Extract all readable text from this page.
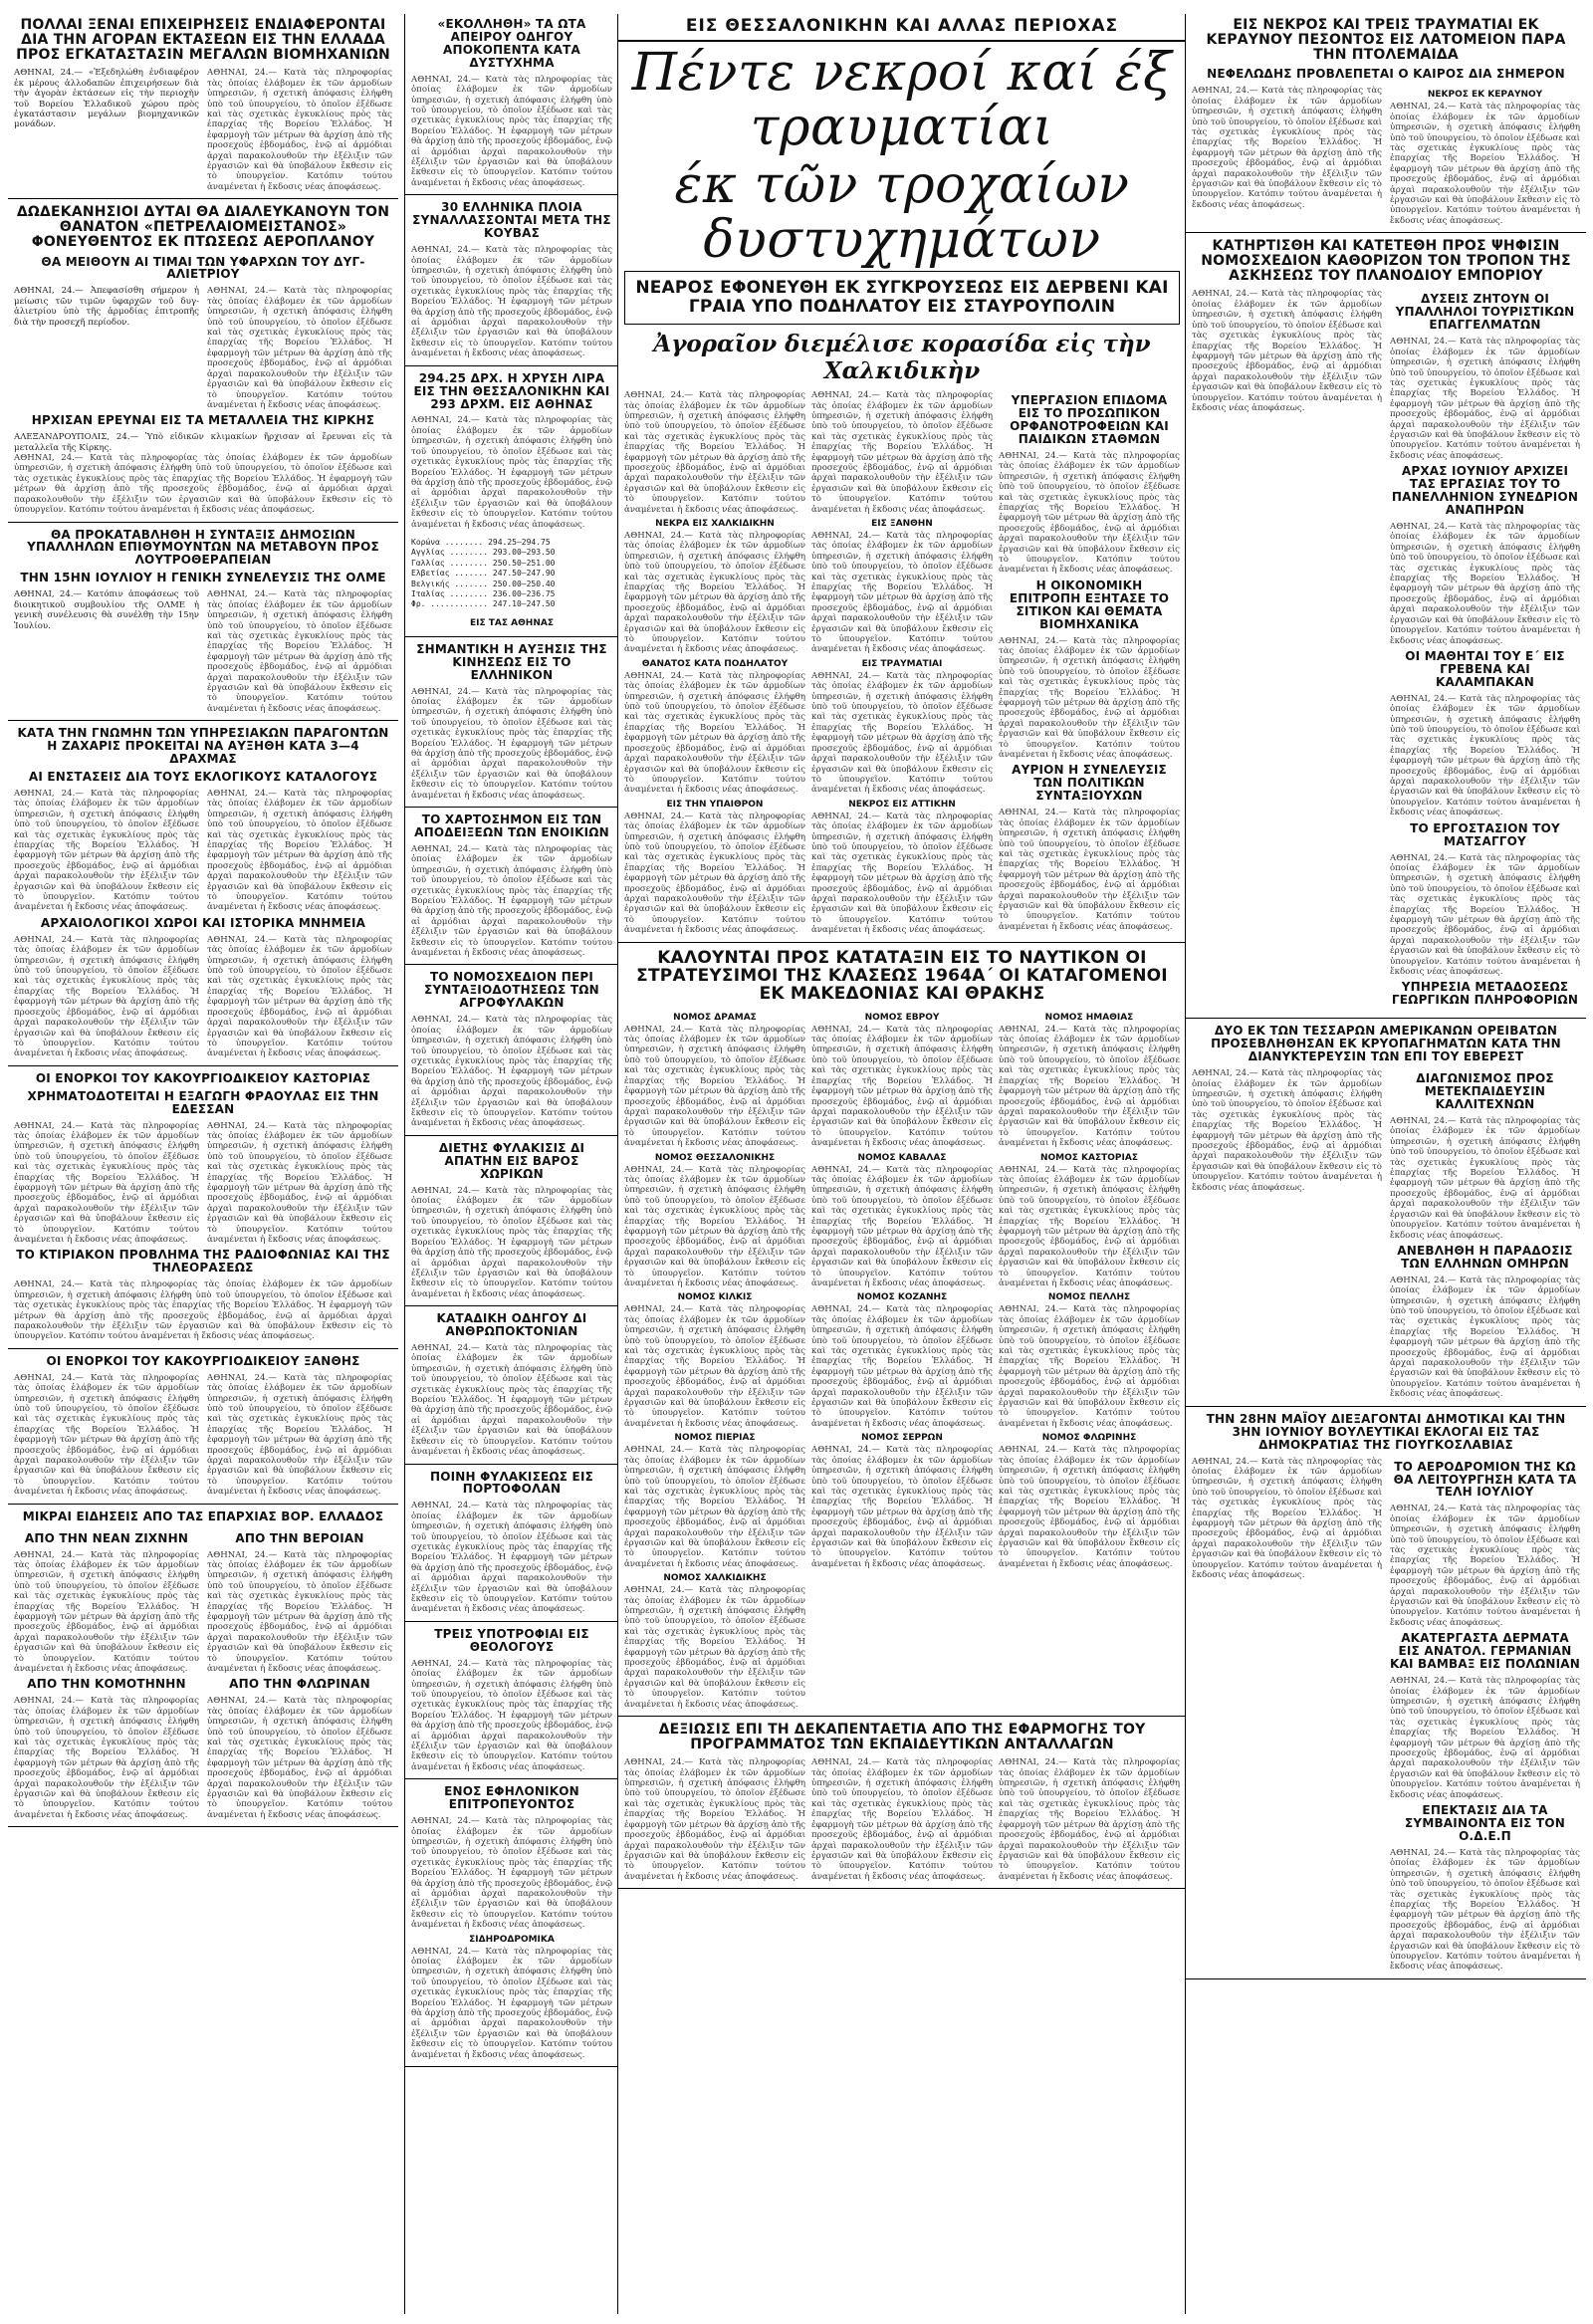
ΠΟΛΛΑΙ ΞΕΝΑΙ ΕΠΙΧΕΙΡΗΣΕΙΣ ΕΝΔΙΑΦΕΡΟΝΤΑΙ ΔΙΑ ΤΗΝ ΑΓΟΡΑΝ ΕΚΤΑΣΕΩΝ ΕΙΣ ΤΗΝ ΕΛΛΑΔΑ ΠΡΟΣ ΕΓΚΑΤΑΣΤΑΣΙΝ ΜΕΓΑΛΩΝ ΒΙΟΜΗΧΑΝΙΩΝ
ΑΘΗΝΑΙ, 24.— «Ἐξεδηλώθη ἐνδιαφέρον ἐκ μέρους ἀλλοδαπῶν ἐπιχειρήσεων διὰ τὴν ἀγορὰν ἐκτάσεων εἰς τὴν περιοχὴν τοῦ Βορείου Ἑλλαδικοῦ χώρου πρὸς ἐγκατάστασιν μεγάλων βιομηχανικῶν μονάδων.
ΑΘΗΝΑΙ, 24.— Κατὰ τὰς πληροφορίας τὰς ὁποίας ἐλάβομεν ἐκ τῶν ἁρμοδίων ὑπηρεσιῶν, ἡ σχετικὴ ἀπόφασις ἐλήφθη ὑπὸ τοῦ ὑπουργείου, τὸ ὁποῖον ἐξέδωσε καὶ τὰς σχετικὰς ἐγκυκλίους πρὸς τὰς ἐπαρχίας τῆς Βορείου Ἑλλάδος. Ἡ ἐφαρμογὴ τῶν μέτρων θὰ ἀρχίσῃ ἀπὸ τῆς προσεχοῦς ἑβδομάδος, ἐνῷ αἱ ἀρμόδιαι ἀρχαὶ παρακολουθοῦν τὴν ἐξέλιξιν τῶν ἐργασιῶν καὶ θὰ ὑποβάλουν ἔκθεσιν εἰς τὸ ὑπουργεῖον. Κατόπιν τούτου ἀναμένεται ἡ ἔκδοσις νέας ἀποφάσεως.
ΔΩΔΕΚΑΝΗΣΙΟΙ ΔΥΤΑΙ ΘΑ ΔΙΑΛΕΥΚΑΝΟΥΝ ΤΟΝ ΘΑΝΑΤΟΝ «ΠΕΤΡΕΛΑΙΟΜΕΙΣΤΑΝΟΣ» ΦΟΝΕΥΘΕΝΤΟΣ ΕΚ ΠΤΩΣΕΩΣ ΑΕΡΟΠΛΑΝΟΥ
ΘΑ ΜΕΙΘΟΥΝ ΑΙ ΤΙΜΑΙ ΤΩΝ ΥΦΑΡΧΩΝ ΤΟΥ ΔΥΓ-ΑΛΙΕΤΡΙΟΥ
ΑΘΗΝΑΙ, 24.— Ἀπεφασίσθη σήμερον ἡ μείωσις τῶν τιμῶν ὑφαρχῶν τοῦ δυγ-ἀλιετρίου ὑπὸ τῆς ἁρμοδίας ἐπιτροπῆς διὰ τὴν προσεχῆ περίοδον.
ΑΘΗΝΑΙ, 24.— Κατὰ τὰς πληροφορίας τὰς ὁποίας ἐλάβομεν ἐκ τῶν ἁρμοδίων ὑπηρεσιῶν, ἡ σχετικὴ ἀπόφασις ἐλήφθη ὑπὸ τοῦ ὑπουργείου, τὸ ὁποῖον ἐξέδωσε καὶ τὰς σχετικὰς ἐγκυκλίους πρὸς τὰς ἐπαρχίας τῆς Βορείου Ἑλλάδος. Ἡ ἐφαρμογὴ τῶν μέτρων θὰ ἀρχίσῃ ἀπὸ τῆς προσεχοῦς ἑβδομάδος, ἐνῷ αἱ ἀρμόδιαι ἀρχαὶ παρακολουθοῦν τὴν ἐξέλιξιν τῶν ἐργασιῶν καὶ θὰ ὑποβάλουν ἔκθεσιν εἰς τὸ ὑπουργεῖον. Κατόπιν τούτου ἀναμένεται ἡ ἔκδοσις νέας ἀποφάσεως.
ΗΡΧΙΣΑΝ ΕΡΕΥΝΑΙ ΕΙΣ ΤΑ ΜΕΤΑΛΛΕΙΑ ΤΗΣ ΚΙΡΚΗΣ
ΑΛΕΞΑΝΔΡΟΥΠΟΛΙΣ, 24.— Ὑπὸ εἰδικῶν κλιμακίων ἤρχισαν αἱ ἔρευναι εἰς τὰ μεταλλεῖα τῆς Κίρκης.
ΑΘΗΝΑΙ, 24.— Κατὰ τὰς πληροφορίας τὰς ὁποίας ἐλάβομεν ἐκ τῶν ἁρμοδίων ὑπηρεσιῶν, ἡ σχετικὴ ἀπόφασις ἐλήφθη ὑπὸ τοῦ ὑπουργείου, τὸ ὁποῖον ἐξέδωσε καὶ τὰς σχετικὰς ἐγκυκλίους πρὸς τὰς ἐπαρχίας τῆς Βορείου Ἑλλάδος. Ἡ ἐφαρμογὴ τῶν μέτρων θὰ ἀρχίσῃ ἀπὸ τῆς προσεχοῦς ἑβδομάδος, ἐνῷ αἱ ἀρμόδιαι ἀρχαὶ παρακολουθοῦν τὴν ἐξέλιξιν τῶν ἐργασιῶν καὶ θὰ ὑποβάλουν ἔκθεσιν εἰς τὸ ὑπουργεῖον. Κατόπιν τούτου ἀναμένεται ἡ ἔκδοσις νέας ἀποφάσεως.
ΘΑ ΠΡΟΚΑΤΑΒΛΗΘΗ Η ΣΥΝΤΑΞΙΣ ΔΗΜΟΣΙΩΝ ΥΠΑΛΛΗΛΩΝ ΕΠΙΘΥΜΟΥΝΤΩΝ ΝΑ ΜΕΤΑΒΟΥΝ ΠΡΟΣ ΛΟΥΤΡΟΘΕΡΑΠΕΙΑΝ
ΤΗΝ 15ΗΝ ΙΟΥΛΙΟΥ Η ΓΕΝΙΚΗ ΣΥΝΕΛΕΥΣΙΣ ΤΗΣ ΟΛΜΕ
ΑΘΗΝΑΙ, 24.— Κατόπιν ἀποφάσεως τοῦ διοικητικοῦ συμβουλίου τῆς ΟΛΜΕ ἡ γενικὴ συνέλευσις θὰ συνέλθῃ τὴν 15ην Ἰουλίου.
ΑΘΗΝΑΙ, 24.— Κατὰ τὰς πληροφορίας τὰς ὁποίας ἐλάβομεν ἐκ τῶν ἁρμοδίων ὑπηρεσιῶν, ἡ σχετικὴ ἀπόφασις ἐλήφθη ὑπὸ τοῦ ὑπουργείου, τὸ ὁποῖον ἐξέδωσε καὶ τὰς σχετικὰς ἐγκυκλίους πρὸς τὰς ἐπαρχίας τῆς Βορείου Ἑλλάδος. Ἡ ἐφαρμογὴ τῶν μέτρων θὰ ἀρχίσῃ ἀπὸ τῆς προσεχοῦς ἑβδομάδος, ἐνῷ αἱ ἀρμόδιαι ἀρχαὶ παρακολουθοῦν τὴν ἐξέλιξιν τῶν ἐργασιῶν καὶ θὰ ὑποβάλουν ἔκθεσιν εἰς τὸ ὑπουργεῖον. Κατόπιν τούτου ἀναμένεται ἡ ἔκδοσις νέας ἀποφάσεως.
ΚΑΤΑ ΤΗΝ ΓΝΩΜΗΝ ΤΩΝ ΥΠΗΡΕΣΙΑΚΩΝ ΠΑΡΑΓΟΝΤΩΝ Η ΖΑΧΑΡΙΣ ΠΡΟΚΕΙΤΑΙ ΝΑ ΑΥΞΗΘΗ ΚΑΤΑ 3—4 ΔΡΑΧΜΑΣ
ΑΙ ΕΝΣΤΑΣΕΙΣ ΔΙΑ ΤΟΥΣ ΕΚΛΟΓΙΚΟΥΣ ΚΑΤΑΛΟΓΟΥΣ
ΑΘΗΝΑΙ, 24.— Κατὰ τὰς πληροφορίας τὰς ὁποίας ἐλάβομεν ἐκ τῶν ἁρμοδίων ὑπηρεσιῶν, ἡ σχετικὴ ἀπόφασις ἐλήφθη ὑπὸ τοῦ ὑπουργείου, τὸ ὁποῖον ἐξέδωσε καὶ τὰς σχετικὰς ἐγκυκλίους πρὸς τὰς ἐπαρχίας τῆς Βορείου Ἑλλάδος. Ἡ ἐφαρμογὴ τῶν μέτρων θὰ ἀρχίσῃ ἀπὸ τῆς προσεχοῦς ἑβδομάδος, ἐνῷ αἱ ἀρμόδιαι ἀρχαὶ παρακολουθοῦν τὴν ἐξέλιξιν τῶν ἐργασιῶν καὶ θὰ ὑποβάλουν ἔκθεσιν εἰς τὸ ὑπουργεῖον. Κατόπιν τούτου ἀναμένεται ἡ ἔκδοσις νέας ἀποφάσεως.
ΑΘΗΝΑΙ, 24.— Κατὰ τὰς πληροφορίας τὰς ὁποίας ἐλάβομεν ἐκ τῶν ἁρμοδίων ὑπηρεσιῶν, ἡ σχετικὴ ἀπόφασις ἐλήφθη ὑπὸ τοῦ ὑπουργείου, τὸ ὁποῖον ἐξέδωσε καὶ τὰς σχετικὰς ἐγκυκλίους πρὸς τὰς ἐπαρχίας τῆς Βορείου Ἑλλάδος. Ἡ ἐφαρμογὴ τῶν μέτρων θὰ ἀρχίσῃ ἀπὸ τῆς προσεχοῦς ἑβδομάδος, ἐνῷ αἱ ἀρμόδιαι ἀρχαὶ παρακολουθοῦν τὴν ἐξέλιξιν τῶν ἐργασιῶν καὶ θὰ ὑποβάλουν ἔκθεσιν εἰς τὸ ὑπουργεῖον. Κατόπιν τούτου ἀναμένεται ἡ ἔκδοσις νέας ἀποφάσεως.
ΑΡΧΑΙΟΛΟΓΙΚΟΙ ΧΩΡΟΙ ΚΑΙ ΙΣΤΟΡΙΚΑ ΜΝΗΜΕΙΑ
ΑΘΗΝΑΙ, 24.— Κατὰ τὰς πληροφορίας τὰς ὁποίας ἐλάβομεν ἐκ τῶν ἁρμοδίων ὑπηρεσιῶν, ἡ σχετικὴ ἀπόφασις ἐλήφθη ὑπὸ τοῦ ὑπουργείου, τὸ ὁποῖον ἐξέδωσε καὶ τὰς σχετικὰς ἐγκυκλίους πρὸς τὰς ἐπαρχίας τῆς Βορείου Ἑλλάδος. Ἡ ἐφαρμογὴ τῶν μέτρων θὰ ἀρχίσῃ ἀπὸ τῆς προσεχοῦς ἑβδομάδος, ἐνῷ αἱ ἀρμόδιαι ἀρχαὶ παρακολουθοῦν τὴν ἐξέλιξιν τῶν ἐργασιῶν καὶ θὰ ὑποβάλουν ἔκθεσιν εἰς τὸ ὑπουργεῖον. Κατόπιν τούτου ἀναμένεται ἡ ἔκδοσις νέας ἀποφάσεως.
ΑΘΗΝΑΙ, 24.— Κατὰ τὰς πληροφορίας τὰς ὁποίας ἐλάβομεν ἐκ τῶν ἁρμοδίων ὑπηρεσιῶν, ἡ σχετικὴ ἀπόφασις ἐλήφθη ὑπὸ τοῦ ὑπουργείου, τὸ ὁποῖον ἐξέδωσε καὶ τὰς σχετικὰς ἐγκυκλίους πρὸς τὰς ἐπαρχίας τῆς Βορείου Ἑλλάδος. Ἡ ἐφαρμογὴ τῶν μέτρων θὰ ἀρχίσῃ ἀπὸ τῆς προσεχοῦς ἑβδομάδος, ἐνῷ αἱ ἀρμόδιαι ἀρχαὶ παρακολουθοῦν τὴν ἐξέλιξιν τῶν ἐργασιῶν καὶ θὰ ὑποβάλουν ἔκθεσιν εἰς τὸ ὑπουργεῖον. Κατόπιν τούτου ἀναμένεται ἡ ἔκδοσις νέας ἀποφάσεως.
ΟΙ ΕΝΟΡΚΟΙ ΤΟΥ ΚΑΚΟΥΡΓΙΟΔΙΚΕΙΟΥ ΚΑΣΤΟΡΙΑΣ
ΧΡΗΜΑΤΟΔΟΤΕΙΤΑΙ Η ΕΞΑΓΩΓΗ ΦΡΑΟΥΛΑΣ ΕΙΣ ΤΗΝ ΕΔΕΣΣΑΝ
ΑΘΗΝΑΙ, 24.— Κατὰ τὰς πληροφορίας τὰς ὁποίας ἐλάβομεν ἐκ τῶν ἁρμοδίων ὑπηρεσιῶν, ἡ σχετικὴ ἀπόφασις ἐλήφθη ὑπὸ τοῦ ὑπουργείου, τὸ ὁποῖον ἐξέδωσε καὶ τὰς σχετικὰς ἐγκυκλίους πρὸς τὰς ἐπαρχίας τῆς Βορείου Ἑλλάδος. Ἡ ἐφαρμογὴ τῶν μέτρων θὰ ἀρχίσῃ ἀπὸ τῆς προσεχοῦς ἑβδομάδος, ἐνῷ αἱ ἀρμόδιαι ἀρχαὶ παρακολουθοῦν τὴν ἐξέλιξιν τῶν ἐργασιῶν καὶ θὰ ὑποβάλουν ἔκθεσιν εἰς τὸ ὑπουργεῖον. Κατόπιν τούτου ἀναμένεται ἡ ἔκδοσις νέας ἀποφάσεως.
ΑΘΗΝΑΙ, 24.— Κατὰ τὰς πληροφορίας τὰς ὁποίας ἐλάβομεν ἐκ τῶν ἁρμοδίων ὑπηρεσιῶν, ἡ σχετικὴ ἀπόφασις ἐλήφθη ὑπὸ τοῦ ὑπουργείου, τὸ ὁποῖον ἐξέδωσε καὶ τὰς σχετικὰς ἐγκυκλίους πρὸς τὰς ἐπαρχίας τῆς Βορείου Ἑλλάδος. Ἡ ἐφαρμογὴ τῶν μέτρων θὰ ἀρχίσῃ ἀπὸ τῆς προσεχοῦς ἑβδομάδος, ἐνῷ αἱ ἀρμόδιαι ἀρχαὶ παρακολουθοῦν τὴν ἐξέλιξιν τῶν ἐργασιῶν καὶ θὰ ὑποβάλουν ἔκθεσιν εἰς τὸ ὑπουργεῖον. Κατόπιν τούτου ἀναμένεται ἡ ἔκδοσις νέας ἀποφάσεως.
ΤΟ ΚΤΙΡΙΑΚΟΝ ΠΡΟΒΛΗΜΑ ΤΗΣ ΡΑΔΙΟΦΩΝΙΑΣ ΚΑΙ ΤΗΣ ΤΗΛΕΟΡΑΣΕΩΣ
ΑΘΗΝΑΙ, 24.— Κατὰ τὰς πληροφορίας τὰς ὁποίας ἐλάβομεν ἐκ τῶν ἁρμοδίων ὑπηρεσιῶν, ἡ σχετικὴ ἀπόφασις ἐλήφθη ὑπὸ τοῦ ὑπουργείου, τὸ ὁποῖον ἐξέδωσε καὶ τὰς σχετικὰς ἐγκυκλίους πρὸς τὰς ἐπαρχίας τῆς Βορείου Ἑλλάδος. Ἡ ἐφαρμογὴ τῶν μέτρων θὰ ἀρχίσῃ ἀπὸ τῆς προσεχοῦς ἑβδομάδος, ἐνῷ αἱ ἀρμόδιαι ἀρχαὶ παρακολουθοῦν τὴν ἐξέλιξιν τῶν ἐργασιῶν καὶ θὰ ὑποβάλουν ἔκθεσιν εἰς τὸ ὑπουργεῖον. Κατόπιν τούτου ἀναμένεται ἡ ἔκδοσις νέας ἀποφάσεως.
ΟΙ ΕΝΟΡΚΟΙ ΤΟΥ ΚΑΚΟΥΡΓΙΟΔΙΚΕΙΟΥ ΞΑΝΘΗΣ
ΑΘΗΝΑΙ, 24.— Κατὰ τὰς πληροφορίας τὰς ὁποίας ἐλάβομεν ἐκ τῶν ἁρμοδίων ὑπηρεσιῶν, ἡ σχετικὴ ἀπόφασις ἐλήφθη ὑπὸ τοῦ ὑπουργείου, τὸ ὁποῖον ἐξέδωσε καὶ τὰς σχετικὰς ἐγκυκλίους πρὸς τὰς ἐπαρχίας τῆς Βορείου Ἑλλάδος. Ἡ ἐφαρμογὴ τῶν μέτρων θὰ ἀρχίσῃ ἀπὸ τῆς προσεχοῦς ἑβδομάδος, ἐνῷ αἱ ἀρμόδιαι ἀρχαὶ παρακολουθοῦν τὴν ἐξέλιξιν τῶν ἐργασιῶν καὶ θὰ ὑποβάλουν ἔκθεσιν εἰς τὸ ὑπουργεῖον. Κατόπιν τούτου ἀναμένεται ἡ ἔκδοσις νέας ἀποφάσεως.
ΑΘΗΝΑΙ, 24.— Κατὰ τὰς πληροφορίας τὰς ὁποίας ἐλάβομεν ἐκ τῶν ἁρμοδίων ὑπηρεσιῶν, ἡ σχετικὴ ἀπόφασις ἐλήφθη ὑπὸ τοῦ ὑπουργείου, τὸ ὁποῖον ἐξέδωσε καὶ τὰς σχετικὰς ἐγκυκλίους πρὸς τὰς ἐπαρχίας τῆς Βορείου Ἑλλάδος. Ἡ ἐφαρμογὴ τῶν μέτρων θὰ ἀρχίσῃ ἀπὸ τῆς προσεχοῦς ἑβδομάδος, ἐνῷ αἱ ἀρμόδιαι ἀρχαὶ παρακολουθοῦν τὴν ἐξέλιξιν τῶν ἐργασιῶν καὶ θὰ ὑποβάλουν ἔκθεσιν εἰς τὸ ὑπουργεῖον. Κατόπιν τούτου ἀναμένεται ἡ ἔκδοσις νέας ἀποφάσεως.
ΜΙΚΡΑΙ ΕΙΔΗΣΕΙΣ ΑΠΟ ΤΑΣ ΕΠΑΡΧΙΑΣ ΒΟΡ. ΕΛΛΑΔΟΣ
ΑΠΟ ΤΗΝ ΝΕΑΝ ΖΙΧΝΗΝ
ΑΘΗΝΑΙ, 24.— Κατὰ τὰς πληροφορίας τὰς ὁποίας ἐλάβομεν ἐκ τῶν ἁρμοδίων ὑπηρεσιῶν, ἡ σχετικὴ ἀπόφασις ἐλήφθη ὑπὸ τοῦ ὑπουργείου, τὸ ὁποῖον ἐξέδωσε καὶ τὰς σχετικὰς ἐγκυκλίους πρὸς τὰς ἐπαρχίας τῆς Βορείου Ἑλλάδος. Ἡ ἐφαρμογὴ τῶν μέτρων θὰ ἀρχίσῃ ἀπὸ τῆς προσεχοῦς ἑβδομάδος, ἐνῷ αἱ ἀρμόδιαι ἀρχαὶ παρακολουθοῦν τὴν ἐξέλιξιν τῶν ἐργασιῶν καὶ θὰ ὑποβάλουν ἔκθεσιν εἰς τὸ ὑπουργεῖον. Κατόπιν τούτου ἀναμένεται ἡ ἔκδοσις νέας ἀποφάσεως.
ΑΠΟ ΤΗΝ ΚΟΜΟΤΗΝΗΝ
ΑΘΗΝΑΙ, 24.— Κατὰ τὰς πληροφορίας τὰς ὁποίας ἐλάβομεν ἐκ τῶν ἁρμοδίων ὑπηρεσιῶν, ἡ σχετικὴ ἀπόφασις ἐλήφθη ὑπὸ τοῦ ὑπουργείου, τὸ ὁποῖον ἐξέδωσε καὶ τὰς σχετικὰς ἐγκυκλίους πρὸς τὰς ἐπαρχίας τῆς Βορείου Ἑλλάδος. Ἡ ἐφαρμογὴ τῶν μέτρων θὰ ἀρχίσῃ ἀπὸ τῆς προσεχοῦς ἑβδομάδος, ἐνῷ αἱ ἀρμόδιαι ἀρχαὶ παρακολουθοῦν τὴν ἐξέλιξιν τῶν ἐργασιῶν καὶ θὰ ὑποβάλουν ἔκθεσιν εἰς τὸ ὑπουργεῖον. Κατόπιν τούτου ἀναμένεται ἡ ἔκδοσις νέας ἀποφάσεως.
ΑΠΟ ΤΗΝ ΒΕΡΟΙΑΝ
ΑΘΗΝΑΙ, 24.— Κατὰ τὰς πληροφορίας τὰς ὁποίας ἐλάβομεν ἐκ τῶν ἁρμοδίων ὑπηρεσιῶν, ἡ σχετικὴ ἀπόφασις ἐλήφθη ὑπὸ τοῦ ὑπουργείου, τὸ ὁποῖον ἐξέδωσε καὶ τὰς σχετικὰς ἐγκυκλίους πρὸς τὰς ἐπαρχίας τῆς Βορείου Ἑλλάδος. Ἡ ἐφαρμογὴ τῶν μέτρων θὰ ἀρχίσῃ ἀπὸ τῆς προσεχοῦς ἑβδομάδος, ἐνῷ αἱ ἀρμόδιαι ἀρχαὶ παρακολουθοῦν τὴν ἐξέλιξιν τῶν ἐργασιῶν καὶ θὰ ὑποβάλουν ἔκθεσιν εἰς τὸ ὑπουργεῖον. Κατόπιν τούτου ἀναμένεται ἡ ἔκδοσις νέας ἀποφάσεως.
ΑΠΟ ΤΗΝ ΦΛΩΡΙΝΑΝ
ΑΘΗΝΑΙ, 24.— Κατὰ τὰς πληροφορίας τὰς ὁποίας ἐλάβομεν ἐκ τῶν ἁρμοδίων ὑπηρεσιῶν, ἡ σχετικὴ ἀπόφασις ἐλήφθη ὑπὸ τοῦ ὑπουργείου, τὸ ὁποῖον ἐξέδωσε καὶ τὰς σχετικὰς ἐγκυκλίους πρὸς τὰς ἐπαρχίας τῆς Βορείου Ἑλλάδος. Ἡ ἐφαρμογὴ τῶν μέτρων θὰ ἀρχίσῃ ἀπὸ τῆς προσεχοῦς ἑβδομάδος, ἐνῷ αἱ ἀρμόδιαι ἀρχαὶ παρακολουθοῦν τὴν ἐξέλιξιν τῶν ἐργασιῶν καὶ θὰ ὑποβάλουν ἔκθεσιν εἰς τὸ ὑπουργεῖον. Κατόπιν τούτου ἀναμένεται ἡ ἔκδοσις νέας ἀποφάσεως.
«ΕΚΟΛΛΗΘΗ» ΤΑ ΩΤΑ ΑΠΕΙΡΟΥ ΟΔΗΓΟΥ ΑΠΟΚΟΠΕΝΤΑ ΚΑΤΑ ΔΥΣΤΥΧΗΜΑ
ΑΘΗΝΑΙ, 24.— Κατὰ τὰς πληροφορίας τὰς ὁποίας ἐλάβομεν ἐκ τῶν ἁρμοδίων ὑπηρεσιῶν, ἡ σχετικὴ ἀπόφασις ἐλήφθη ὑπὸ τοῦ ὑπουργείου, τὸ ὁποῖον ἐξέδωσε καὶ τὰς σχετικὰς ἐγκυκλίους πρὸς τὰς ἐπαρχίας τῆς Βορείου Ἑλλάδος. Ἡ ἐφαρμογὴ τῶν μέτρων θὰ ἀρχίσῃ ἀπὸ τῆς προσεχοῦς ἑβδομάδος, ἐνῷ αἱ ἀρμόδιαι ἀρχαὶ παρακολουθοῦν τὴν ἐξέλιξιν τῶν ἐργασιῶν καὶ θὰ ὑποβάλουν ἔκθεσιν εἰς τὸ ὑπουργεῖον. Κατόπιν τούτου ἀναμένεται ἡ ἔκδοσις νέας ἀποφάσεως.
30 ΕΛΛΗΝΙΚΑ ΠΛΟΙΑ ΣΥΝΑΛΛΑΣΣΟΝΤΑΙ ΜΕΤΑ ΤΗΣ ΚΟΥΒΑΣ
ΑΘΗΝΑΙ, 24.— Κατὰ τὰς πληροφορίας τὰς ὁποίας ἐλάβομεν ἐκ τῶν ἁρμοδίων ὑπηρεσιῶν, ἡ σχετικὴ ἀπόφασις ἐλήφθη ὑπὸ τοῦ ὑπουργείου, τὸ ὁποῖον ἐξέδωσε καὶ τὰς σχετικὰς ἐγκυκλίους πρὸς τὰς ἐπαρχίας τῆς Βορείου Ἑλλάδος. Ἡ ἐφαρμογὴ τῶν μέτρων θὰ ἀρχίσῃ ἀπὸ τῆς προσεχοῦς ἑβδομάδος, ἐνῷ αἱ ἀρμόδιαι ἀρχαὶ παρακολουθοῦν τὴν ἐξέλιξιν τῶν ἐργασιῶν καὶ θὰ ὑποβάλουν ἔκθεσιν εἰς τὸ ὑπουργεῖον. Κατόπιν τούτου ἀναμένεται ἡ ἔκδοσις νέας ἀποφάσεως.
294.25 ΔΡΧ. Η ΧΡΥΣΗ ΛΙΡΑ ΕΙΣ ΤΗΝ ΘΕΣΣΑΛΟΝΙΚΗΝ ΚΑΙ 293 ΔΡΧΜ. ΕΙΣ ΑΘΗΝΑΣ
ΑΘΗΝΑΙ, 24.— Κατὰ τὰς πληροφορίας τὰς ὁποίας ἐλάβομεν ἐκ τῶν ἁρμοδίων ὑπηρεσιῶν, ἡ σχετικὴ ἀπόφασις ἐλήφθη ὑπὸ τοῦ ὑπουργείου, τὸ ὁποῖον ἐξέδωσε καὶ τὰς σχετικὰς ἐγκυκλίους πρὸς τὰς ἐπαρχίας τῆς Βορείου Ἑλλάδος. Ἡ ἐφαρμογὴ τῶν μέτρων θὰ ἀρχίσῃ ἀπὸ τῆς προσεχοῦς ἑβδομάδος, ἐνῷ αἱ ἀρμόδιαι ἀρχαὶ παρακολουθοῦν τὴν ἐξέλιξιν τῶν ἐργασιῶν καὶ θὰ ὑποβάλουν ἔκθεσιν εἰς τὸ ὑπουργεῖον. Κατόπιν τούτου ἀναμένεται ἡ ἔκδοσις νέας ἀποφάσεως.
Κορώνα ........ 294.25—294.75
Αγγλίας ........ 293.00—293.50
Γαλλίας ........ 250.50—251.00
Ελβετίας ....... 247.50—247.90
Βελγικής ....... 250.00—250.40
Ιταλίας ........ 236.00—236.75
Φρ. ............ 247.10—247.50
ΕΙΣ ΤΑΣ ΑΘΗΝΑΣ
ΣΗΜΑΝΤΙΚΗ Η ΑΥΞΗΣΙΣ ΤΗΣ ΚΙΝΗΣΕΩΣ ΕΙΣ ΤΟ ΕΛΛΗΝΙΚΟΝ
ΑΘΗΝΑΙ, 24.— Κατὰ τὰς πληροφορίας τὰς ὁποίας ἐλάβομεν ἐκ τῶν ἁρμοδίων ὑπηρεσιῶν, ἡ σχετικὴ ἀπόφασις ἐλήφθη ὑπὸ τοῦ ὑπουργείου, τὸ ὁποῖον ἐξέδωσε καὶ τὰς σχετικὰς ἐγκυκλίους πρὸς τὰς ἐπαρχίας τῆς Βορείου Ἑλλάδος. Ἡ ἐφαρμογὴ τῶν μέτρων θὰ ἀρχίσῃ ἀπὸ τῆς προσεχοῦς ἑβδομάδος, ἐνῷ αἱ ἀρμόδιαι ἀρχαὶ παρακολουθοῦν τὴν ἐξέλιξιν τῶν ἐργασιῶν καὶ θὰ ὑποβάλουν ἔκθεσιν εἰς τὸ ὑπουργεῖον. Κατόπιν τούτου ἀναμένεται ἡ ἔκδοσις νέας ἀποφάσεως.
ΤΟ ΧΑΡΤΟΣΗΜΟΝ ΕΙΣ ΤΩΝ ΑΠΟΔΕΙΞΕΩΝ ΤΩΝ ΕΝΟΙΚΙΩΝ
ΑΘΗΝΑΙ, 24.— Κατὰ τὰς πληροφορίας τὰς ὁποίας ἐλάβομεν ἐκ τῶν ἁρμοδίων ὑπηρεσιῶν, ἡ σχετικὴ ἀπόφασις ἐλήφθη ὑπὸ τοῦ ὑπουργείου, τὸ ὁποῖον ἐξέδωσε καὶ τὰς σχετικὰς ἐγκυκλίους πρὸς τὰς ἐπαρχίας τῆς Βορείου Ἑλλάδος. Ἡ ἐφαρμογὴ τῶν μέτρων θὰ ἀρχίσῃ ἀπὸ τῆς προσεχοῦς ἑβδομάδος, ἐνῷ αἱ ἀρμόδιαι ἀρχαὶ παρακολουθοῦν τὴν ἐξέλιξιν τῶν ἐργασιῶν καὶ θὰ ὑποβάλουν ἔκθεσιν εἰς τὸ ὑπουργεῖον. Κατόπιν τούτου ἀναμένεται ἡ ἔκδοσις νέας ἀποφάσεως.
ΤΟ ΝΟΜΟΣΧΕΔΙΟΝ ΠΕΡΙ ΣΥΝΤΑΞΙΟΔΟΤΗΣΕΩΣ ΤΩΝ ΑΓΡΟΦΥΛΑΚΩΝ
ΑΘΗΝΑΙ, 24.— Κατὰ τὰς πληροφορίας τὰς ὁποίας ἐλάβομεν ἐκ τῶν ἁρμοδίων ὑπηρεσιῶν, ἡ σχετικὴ ἀπόφασις ἐλήφθη ὑπὸ τοῦ ὑπουργείου, τὸ ὁποῖον ἐξέδωσε καὶ τὰς σχετικὰς ἐγκυκλίους πρὸς τὰς ἐπαρχίας τῆς Βορείου Ἑλλάδος. Ἡ ἐφαρμογὴ τῶν μέτρων θὰ ἀρχίσῃ ἀπὸ τῆς προσεχοῦς ἑβδομάδος, ἐνῷ αἱ ἀρμόδιαι ἀρχαὶ παρακολουθοῦν τὴν ἐξέλιξιν τῶν ἐργασιῶν καὶ θὰ ὑποβάλουν ἔκθεσιν εἰς τὸ ὑπουργεῖον. Κατόπιν τούτου ἀναμένεται ἡ ἔκδοσις νέας ἀποφάσεως.
ΔΙΕΤΗΣ ΦΥΛΑΚΙΣΙΣ ΔΙ ΑΠΑΤΗΝ ΕΙΣ ΒΑΡΟΣ ΧΩΡΙΚΩΝ
ΑΘΗΝΑΙ, 24.— Κατὰ τὰς πληροφορίας τὰς ὁποίας ἐλάβομεν ἐκ τῶν ἁρμοδίων ὑπηρεσιῶν, ἡ σχετικὴ ἀπόφασις ἐλήφθη ὑπὸ τοῦ ὑπουργείου, τὸ ὁποῖον ἐξέδωσε καὶ τὰς σχετικὰς ἐγκυκλίους πρὸς τὰς ἐπαρχίας τῆς Βορείου Ἑλλάδος. Ἡ ἐφαρμογὴ τῶν μέτρων θὰ ἀρχίσῃ ἀπὸ τῆς προσεχοῦς ἑβδομάδος, ἐνῷ αἱ ἀρμόδιαι ἀρχαὶ παρακολουθοῦν τὴν ἐξέλιξιν τῶν ἐργασιῶν καὶ θὰ ὑποβάλουν ἔκθεσιν εἰς τὸ ὑπουργεῖον. Κατόπιν τούτου ἀναμένεται ἡ ἔκδοσις νέας ἀποφάσεως.
ΚΑΤΑΔΙΚΗ ΟΔΗΓΟΥ ΔΙ ΑΝΘΡΩΠΟΚΤΟΝΙΑΝ
ΑΘΗΝΑΙ, 24.— Κατὰ τὰς πληροφορίας τὰς ὁποίας ἐλάβομεν ἐκ τῶν ἁρμοδίων ὑπηρεσιῶν, ἡ σχετικὴ ἀπόφασις ἐλήφθη ὑπὸ τοῦ ὑπουργείου, τὸ ὁποῖον ἐξέδωσε καὶ τὰς σχετικὰς ἐγκυκλίους πρὸς τὰς ἐπαρχίας τῆς Βορείου Ἑλλάδος. Ἡ ἐφαρμογὴ τῶν μέτρων θὰ ἀρχίσῃ ἀπὸ τῆς προσεχοῦς ἑβδομάδος, ἐνῷ αἱ ἀρμόδιαι ἀρχαὶ παρακολουθοῦν τὴν ἐξέλιξιν τῶν ἐργασιῶν καὶ θὰ ὑποβάλουν ἔκθεσιν εἰς τὸ ὑπουργεῖον. Κατόπιν τούτου ἀναμένεται ἡ ἔκδοσις νέας ἀποφάσεως.
ΠΟΙΝΗ ΦΥΛΑΚΙΣΕΩΣ ΕΙΣ ΠΟΡΤΟΦΟΛΑΝ
ΑΘΗΝΑΙ, 24.— Κατὰ τὰς πληροφορίας τὰς ὁποίας ἐλάβομεν ἐκ τῶν ἁρμοδίων ὑπηρεσιῶν, ἡ σχετικὴ ἀπόφασις ἐλήφθη ὑπὸ τοῦ ὑπουργείου, τὸ ὁποῖον ἐξέδωσε καὶ τὰς σχετικὰς ἐγκυκλίους πρὸς τὰς ἐπαρχίας τῆς Βορείου Ἑλλάδος. Ἡ ἐφαρμογὴ τῶν μέτρων θὰ ἀρχίσῃ ἀπὸ τῆς προσεχοῦς ἑβδομάδος, ἐνῷ αἱ ἀρμόδιαι ἀρχαὶ παρακολουθοῦν τὴν ἐξέλιξιν τῶν ἐργασιῶν καὶ θὰ ὑποβάλουν ἔκθεσιν εἰς τὸ ὑπουργεῖον. Κατόπιν τούτου ἀναμένεται ἡ ἔκδοσις νέας ἀποφάσεως.
ΤΡΕΙΣ ΥΠΟΤΡΟΦΙΑΙ ΕΙΣ ΘΕΟΛΟΓΟΥΣ
ΑΘΗΝΑΙ, 24.— Κατὰ τὰς πληροφορίας τὰς ὁποίας ἐλάβομεν ἐκ τῶν ἁρμοδίων ὑπηρεσιῶν, ἡ σχετικὴ ἀπόφασις ἐλήφθη ὑπὸ τοῦ ὑπουργείου, τὸ ὁποῖον ἐξέδωσε καὶ τὰς σχετικὰς ἐγκυκλίους πρὸς τὰς ἐπαρχίας τῆς Βορείου Ἑλλάδος. Ἡ ἐφαρμογὴ τῶν μέτρων θὰ ἀρχίσῃ ἀπὸ τῆς προσεχοῦς ἑβδομάδος, ἐνῷ αἱ ἀρμόδιαι ἀρχαὶ παρακολουθοῦν τὴν ἐξέλιξιν τῶν ἐργασιῶν καὶ θὰ ὑποβάλουν ἔκθεσιν εἰς τὸ ὑπουργεῖον. Κατόπιν τούτου ἀναμένεται ἡ ἔκδοσις νέας ἀποφάσεως.
ΕΝΟΣ ΕΦΗΛΟΝΙΚΟΝ ΕΠΙΤΡΟΠΕΥΟΝΤΟΣ
ΑΘΗΝΑΙ, 24.— Κατὰ τὰς πληροφορίας τὰς ὁποίας ἐλάβομεν ἐκ τῶν ἁρμοδίων ὑπηρεσιῶν, ἡ σχετικὴ ἀπόφασις ἐλήφθη ὑπὸ τοῦ ὑπουργείου, τὸ ὁποῖον ἐξέδωσε καὶ τὰς σχετικὰς ἐγκυκλίους πρὸς τὰς ἐπαρχίας τῆς Βορείου Ἑλλάδος. Ἡ ἐφαρμογὴ τῶν μέτρων θὰ ἀρχίσῃ ἀπὸ τῆς προσεχοῦς ἑβδομάδος, ἐνῷ αἱ ἀρμόδιαι ἀρχαὶ παρακολουθοῦν τὴν ἐξέλιξιν τῶν ἐργασιῶν καὶ θὰ ὑποβάλουν ἔκθεσιν εἰς τὸ ὑπουργεῖον. Κατόπιν τούτου ἀναμένεται ἡ ἔκδοσις νέας ἀποφάσεως.
ΣΙΔΗΡΟΔΡΟΜΙΚΑ
ΑΘΗΝΑΙ, 24.— Κατὰ τὰς πληροφορίας τὰς ὁποίας ἐλάβομεν ἐκ τῶν ἁρμοδίων ὑπηρεσιῶν, ἡ σχετικὴ ἀπόφασις ἐλήφθη ὑπὸ τοῦ ὑπουργείου, τὸ ὁποῖον ἐξέδωσε καὶ τὰς σχετικὰς ἐγκυκλίους πρὸς τὰς ἐπαρχίας τῆς Βορείου Ἑλλάδος. Ἡ ἐφαρμογὴ τῶν μέτρων θὰ ἀρχίσῃ ἀπὸ τῆς προσεχοῦς ἑβδομάδος, ἐνῷ αἱ ἀρμόδιαι ἀρχαὶ παρακολουθοῦν τὴν ἐξέλιξιν τῶν ἐργασιῶν καὶ θὰ ὑποβάλουν ἔκθεσιν εἰς τὸ ὑπουργεῖον. Κατόπιν τούτου ἀναμένεται ἡ ἔκδοσις νέας ἀποφάσεως.
ΕΙΣ ΘΕΣΣΑΛΟΝΙΚΗΝ ΚΑΙ ΑΛΛΑΣ ΠΕΡΙΟΧΑΣ
Πέντε νεκροί καί έξ τραυματίαι
έκ τῶν τροχαίων δυστυχημάτων
ΝΕΑΡΟΣ ΕΦΟΝΕΥΘΗ ΕΚ ΣΥΓΚΡΟΥΣΕΩΣ ΕΙΣ ΔΕΡΒΕΝΙ ΚΑΙ ΓΡΑΙΑ ΥΠΟ ΠΟΔΗΛΑΤΟΥ ΕΙΣ ΣΤΑΥΡΟΥΠΟΛΙΝ
Ἀγοραῖον διεμέλισε κορασίδα εἰς τὴν Χαλκιδικὴν
ΑΘΗΝΑΙ, 24.— Κατὰ τὰς πληροφορίας τὰς ὁποίας ἐλάβομεν ἐκ τῶν ἁρμοδίων ὑπηρεσιῶν, ἡ σχετικὴ ἀπόφασις ἐλήφθη ὑπὸ τοῦ ὑπουργείου, τὸ ὁποῖον ἐξέδωσε καὶ τὰς σχετικὰς ἐγκυκλίους πρὸς τὰς ἐπαρχίας τῆς Βορείου Ἑλλάδος. Ἡ ἐφαρμογὴ τῶν μέτρων θὰ ἀρχίσῃ ἀπὸ τῆς προσεχοῦς ἑβδομάδος, ἐνῷ αἱ ἀρμόδιαι ἀρχαὶ παρακολουθοῦν τὴν ἐξέλιξιν τῶν ἐργασιῶν καὶ θὰ ὑποβάλουν ἔκθεσιν εἰς τὸ ὑπουργεῖον. Κατόπιν τούτου ἀναμένεται ἡ ἔκδοσις νέας ἀποφάσεως.
ΝΕΚΡΑ ΕΙΣ ΧΑΛΚΙΔΙΚΗΝ
ΑΘΗΝΑΙ, 24.— Κατὰ τὰς πληροφορίας τὰς ὁποίας ἐλάβομεν ἐκ τῶν ἁρμοδίων ὑπηρεσιῶν, ἡ σχετικὴ ἀπόφασις ἐλήφθη ὑπὸ τοῦ ὑπουργείου, τὸ ὁποῖον ἐξέδωσε καὶ τὰς σχετικὰς ἐγκυκλίους πρὸς τὰς ἐπαρχίας τῆς Βορείου Ἑλλάδος. Ἡ ἐφαρμογὴ τῶν μέτρων θὰ ἀρχίσῃ ἀπὸ τῆς προσεχοῦς ἑβδομάδος, ἐνῷ αἱ ἀρμόδιαι ἀρχαὶ παρακολουθοῦν τὴν ἐξέλιξιν τῶν ἐργασιῶν καὶ θὰ ὑποβάλουν ἔκθεσιν εἰς τὸ ὑπουργεῖον. Κατόπιν τούτου ἀναμένεται ἡ ἔκδοσις νέας ἀποφάσεως.
ΘΑΝΑΤΟΣ ΚΑΤΑ ΠΟΔΗΛΑΤΟΥ
ΑΘΗΝΑΙ, 24.— Κατὰ τὰς πληροφορίας τὰς ὁποίας ἐλάβομεν ἐκ τῶν ἁρμοδίων ὑπηρεσιῶν, ἡ σχετικὴ ἀπόφασις ἐλήφθη ὑπὸ τοῦ ὑπουργείου, τὸ ὁποῖον ἐξέδωσε καὶ τὰς σχετικὰς ἐγκυκλίους πρὸς τὰς ἐπαρχίας τῆς Βορείου Ἑλλάδος. Ἡ ἐφαρμογὴ τῶν μέτρων θὰ ἀρχίσῃ ἀπὸ τῆς προσεχοῦς ἑβδομάδος, ἐνῷ αἱ ἀρμόδιαι ἀρχαὶ παρακολουθοῦν τὴν ἐξέλιξιν τῶν ἐργασιῶν καὶ θὰ ὑποβάλουν ἔκθεσιν εἰς τὸ ὑπουργεῖον. Κατόπιν τούτου ἀναμένεται ἡ ἔκδοσις νέας ἀποφάσεως.
ΕΙΣ ΤΗΝ ΥΠΑΙΘΡΟΝ
ΑΘΗΝΑΙ, 24.— Κατὰ τὰς πληροφορίας τὰς ὁποίας ἐλάβομεν ἐκ τῶν ἁρμοδίων ὑπηρεσιῶν, ἡ σχετικὴ ἀπόφασις ἐλήφθη ὑπὸ τοῦ ὑπουργείου, τὸ ὁποῖον ἐξέδωσε καὶ τὰς σχετικὰς ἐγκυκλίους πρὸς τὰς ἐπαρχίας τῆς Βορείου Ἑλλάδος. Ἡ ἐφαρμογὴ τῶν μέτρων θὰ ἀρχίσῃ ἀπὸ τῆς προσεχοῦς ἑβδομάδος, ἐνῷ αἱ ἀρμόδιαι ἀρχαὶ παρακολουθοῦν τὴν ἐξέλιξιν τῶν ἐργασιῶν καὶ θὰ ὑποβάλουν ἔκθεσιν εἰς τὸ ὑπουργεῖον. Κατόπιν τούτου ἀναμένεται ἡ ἔκδοσις νέας ἀποφάσεως.
ΑΘΗΝΑΙ, 24.— Κατὰ τὰς πληροφορίας τὰς ὁποίας ἐλάβομεν ἐκ τῶν ἁρμοδίων ὑπηρεσιῶν, ἡ σχετικὴ ἀπόφασις ἐλήφθη ὑπὸ τοῦ ὑπουργείου, τὸ ὁποῖον ἐξέδωσε καὶ τὰς σχετικὰς ἐγκυκλίους πρὸς τὰς ἐπαρχίας τῆς Βορείου Ἑλλάδος. Ἡ ἐφαρμογὴ τῶν μέτρων θὰ ἀρχίσῃ ἀπὸ τῆς προσεχοῦς ἑβδομάδος, ἐνῷ αἱ ἀρμόδιαι ἀρχαὶ παρακολουθοῦν τὴν ἐξέλιξιν τῶν ἐργασιῶν καὶ θὰ ὑποβάλουν ἔκθεσιν εἰς τὸ ὑπουργεῖον. Κατόπιν τούτου ἀναμένεται ἡ ἔκδοσις νέας ἀποφάσεως.
ΕΙΣ ΞΑΝΘΗΝ
ΑΘΗΝΑΙ, 24.— Κατὰ τὰς πληροφορίας τὰς ὁποίας ἐλάβομεν ἐκ τῶν ἁρμοδίων ὑπηρεσιῶν, ἡ σχετικὴ ἀπόφασις ἐλήφθη ὑπὸ τοῦ ὑπουργείου, τὸ ὁποῖον ἐξέδωσε καὶ τὰς σχετικὰς ἐγκυκλίους πρὸς τὰς ἐπαρχίας τῆς Βορείου Ἑλλάδος. Ἡ ἐφαρμογὴ τῶν μέτρων θὰ ἀρχίσῃ ἀπὸ τῆς προσεχοῦς ἑβδομάδος, ἐνῷ αἱ ἀρμόδιαι ἀρχαὶ παρακολουθοῦν τὴν ἐξέλιξιν τῶν ἐργασιῶν καὶ θὰ ὑποβάλουν ἔκθεσιν εἰς τὸ ὑπουργεῖον. Κατόπιν τούτου ἀναμένεται ἡ ἔκδοσις νέας ἀποφάσεως.
ΕΙΣ ΤΡΑΥΜΑΤΙΑΙ
ΑΘΗΝΑΙ, 24.— Κατὰ τὰς πληροφορίας τὰς ὁποίας ἐλάβομεν ἐκ τῶν ἁρμοδίων ὑπηρεσιῶν, ἡ σχετικὴ ἀπόφασις ἐλήφθη ὑπὸ τοῦ ὑπουργείου, τὸ ὁποῖον ἐξέδωσε καὶ τὰς σχετικὰς ἐγκυκλίους πρὸς τὰς ἐπαρχίας τῆς Βορείου Ἑλλάδος. Ἡ ἐφαρμογὴ τῶν μέτρων θὰ ἀρχίσῃ ἀπὸ τῆς προσεχοῦς ἑβδομάδος, ἐνῷ αἱ ἀρμόδιαι ἀρχαὶ παρακολουθοῦν τὴν ἐξέλιξιν τῶν ἐργασιῶν καὶ θὰ ὑποβάλουν ἔκθεσιν εἰς τὸ ὑπουργεῖον. Κατόπιν τούτου ἀναμένεται ἡ ἔκδοσις νέας ἀποφάσεως.
ΝΕΚΡΟΣ ΕΙΣ ΑΤΤΙΚΗΝ
ΑΘΗΝΑΙ, 24.— Κατὰ τὰς πληροφορίας τὰς ὁποίας ἐλάβομεν ἐκ τῶν ἁρμοδίων ὑπηρεσιῶν, ἡ σχετικὴ ἀπόφασις ἐλήφθη ὑπὸ τοῦ ὑπουργείου, τὸ ὁποῖον ἐξέδωσε καὶ τὰς σχετικὰς ἐγκυκλίους πρὸς τὰς ἐπαρχίας τῆς Βορείου Ἑλλάδος. Ἡ ἐφαρμογὴ τῶν μέτρων θὰ ἀρχίσῃ ἀπὸ τῆς προσεχοῦς ἑβδομάδος, ἐνῷ αἱ ἀρμόδιαι ἀρχαὶ παρακολουθοῦν τὴν ἐξέλιξιν τῶν ἐργασιῶν καὶ θὰ ὑποβάλουν ἔκθεσιν εἰς τὸ ὑπουργεῖον. Κατόπιν τούτου ἀναμένεται ἡ ἔκδοσις νέας ἀποφάσεως.
ΥΠΕΡΓΑΣΙΟΝ ΕΠΙΔΟΜΑ ΕΙΣ ΤΟ ΠΡΟΣΩΠΙΚΟΝ ΟΡΦΑΝΟΤΡΟΦΕΙΩΝ ΚΑΙ ΠΑΙΔΙΚΩΝ ΣΤΑΘΜΩΝ
ΑΘΗΝΑΙ, 24.— Κατὰ τὰς πληροφορίας τὰς ὁποίας ἐλάβομεν ἐκ τῶν ἁρμοδίων ὑπηρεσιῶν, ἡ σχετικὴ ἀπόφασις ἐλήφθη ὑπὸ τοῦ ὑπουργείου, τὸ ὁποῖον ἐξέδωσε καὶ τὰς σχετικὰς ἐγκυκλίους πρὸς τὰς ἐπαρχίας τῆς Βορείου Ἑλλάδος. Ἡ ἐφαρμογὴ τῶν μέτρων θὰ ἀρχίσῃ ἀπὸ τῆς προσεχοῦς ἑβδομάδος, ἐνῷ αἱ ἀρμόδιαι ἀρχαὶ παρακολουθοῦν τὴν ἐξέλιξιν τῶν ἐργασιῶν καὶ θὰ ὑποβάλουν ἔκθεσιν εἰς τὸ ὑπουργεῖον. Κατόπιν τούτου ἀναμένεται ἡ ἔκδοσις νέας ἀποφάσεως.
Η ΟΙΚΟΝΟΜΙΚΗ ΕΠΙΤΡΟΠΗ ΕΞΗΤΑΣΕ ΤΟ ΣΙΤΙΚΟΝ ΚΑΙ ΘΕΜΑΤΑ ΒΙΟΜΗΧΑΝΙΚΑ
ΑΘΗΝΑΙ, 24.— Κατὰ τὰς πληροφορίας τὰς ὁποίας ἐλάβομεν ἐκ τῶν ἁρμοδίων ὑπηρεσιῶν, ἡ σχετικὴ ἀπόφασις ἐλήφθη ὑπὸ τοῦ ὑπουργείου, τὸ ὁποῖον ἐξέδωσε καὶ τὰς σχετικὰς ἐγκυκλίους πρὸς τὰς ἐπαρχίας τῆς Βορείου Ἑλλάδος. Ἡ ἐφαρμογὴ τῶν μέτρων θὰ ἀρχίσῃ ἀπὸ τῆς προσεχοῦς ἑβδομάδος, ἐνῷ αἱ ἀρμόδιαι ἀρχαὶ παρακολουθοῦν τὴν ἐξέλιξιν τῶν ἐργασιῶν καὶ θὰ ὑποβάλουν ἔκθεσιν εἰς τὸ ὑπουργεῖον. Κατόπιν τούτου ἀναμένεται ἡ ἔκδοσις νέας ἀποφάσεως.
ΑΥΡΙΟΝ Η ΣΥΝΕΛΕΥΣΙΣ ΤΩΝ ΠΟΛΙΤΙΚΩΝ ΣΥΝΤΑΞΙΟΥΧΩΝ
ΑΘΗΝΑΙ, 24.— Κατὰ τὰς πληροφορίας τὰς ὁποίας ἐλάβομεν ἐκ τῶν ἁρμοδίων ὑπηρεσιῶν, ἡ σχετικὴ ἀπόφασις ἐλήφθη ὑπὸ τοῦ ὑπουργείου, τὸ ὁποῖον ἐξέδωσε καὶ τὰς σχετικὰς ἐγκυκλίους πρὸς τὰς ἐπαρχίας τῆς Βορείου Ἑλλάδος. Ἡ ἐφαρμογὴ τῶν μέτρων θὰ ἀρχίσῃ ἀπὸ τῆς προσεχοῦς ἑβδομάδος, ἐνῷ αἱ ἀρμόδιαι ἀρχαὶ παρακολουθοῦν τὴν ἐξέλιξιν τῶν ἐργασιῶν καὶ θὰ ὑποβάλουν ἔκθεσιν εἰς τὸ ὑπουργεῖον. Κατόπιν τούτου ἀναμένεται ἡ ἔκδοσις νέας ἀποφάσεως.
ΚΑΛΟΥΝΤΑΙ ΠΡΟΣ ΚΑΤΑΤΑΞΙΝ ΕΙΣ ΤΟ ΝΑΥΤΙΚΟΝ ΟΙ ΣΤΡΑΤΕΥΣΙΜΟΙ ΤΗΣ ΚΛΑΣΕΩΣ 1964Α΄ ΟΙ ΚΑΤΑΓΟΜΕΝΟΙ ΕΚ ΜΑΚΕΔΟΝΙΑΣ ΚΑΙ ΘΡΑΚΗΣ
ΝΟΜΟΣ ΔΡΑΜΑΣ
ΑΘΗΝΑΙ, 24.— Κατὰ τὰς πληροφορίας τὰς ὁποίας ἐλάβομεν ἐκ τῶν ἁρμοδίων ὑπηρεσιῶν, ἡ σχετικὴ ἀπόφασις ἐλήφθη ὑπὸ τοῦ ὑπουργείου, τὸ ὁποῖον ἐξέδωσε καὶ τὰς σχετικὰς ἐγκυκλίους πρὸς τὰς ἐπαρχίας τῆς Βορείου Ἑλλάδος. Ἡ ἐφαρμογὴ τῶν μέτρων θὰ ἀρχίσῃ ἀπὸ τῆς προσεχοῦς ἑβδομάδος, ἐνῷ αἱ ἀρμόδιαι ἀρχαὶ παρακολουθοῦν τὴν ἐξέλιξιν τῶν ἐργασιῶν καὶ θὰ ὑποβάλουν ἔκθεσιν εἰς τὸ ὑπουργεῖον. Κατόπιν τούτου ἀναμένεται ἡ ἔκδοσις νέας ἀποφάσεως.
ΝΟΜΟΣ ΘΕΣΣΑΛΟΝΙΚΗΣ
ΑΘΗΝΑΙ, 24.— Κατὰ τὰς πληροφορίας τὰς ὁποίας ἐλάβομεν ἐκ τῶν ἁρμοδίων ὑπηρεσιῶν, ἡ σχετικὴ ἀπόφασις ἐλήφθη ὑπὸ τοῦ ὑπουργείου, τὸ ὁποῖον ἐξέδωσε καὶ τὰς σχετικὰς ἐγκυκλίους πρὸς τὰς ἐπαρχίας τῆς Βορείου Ἑλλάδος. Ἡ ἐφαρμογὴ τῶν μέτρων θὰ ἀρχίσῃ ἀπὸ τῆς προσεχοῦς ἑβδομάδος, ἐνῷ αἱ ἀρμόδιαι ἀρχαὶ παρακολουθοῦν τὴν ἐξέλιξιν τῶν ἐργασιῶν καὶ θὰ ὑποβάλουν ἔκθεσιν εἰς τὸ ὑπουργεῖον. Κατόπιν τούτου ἀναμένεται ἡ ἔκδοσις νέας ἀποφάσεως.
ΝΟΜΟΣ ΚΙΛΚΙΣ
ΑΘΗΝΑΙ, 24.— Κατὰ τὰς πληροφορίας τὰς ὁποίας ἐλάβομεν ἐκ τῶν ἁρμοδίων ὑπηρεσιῶν, ἡ σχετικὴ ἀπόφασις ἐλήφθη ὑπὸ τοῦ ὑπουργείου, τὸ ὁποῖον ἐξέδωσε καὶ τὰς σχετικὰς ἐγκυκλίους πρὸς τὰς ἐπαρχίας τῆς Βορείου Ἑλλάδος. Ἡ ἐφαρμογὴ τῶν μέτρων θὰ ἀρχίσῃ ἀπὸ τῆς προσεχοῦς ἑβδομάδος, ἐνῷ αἱ ἀρμόδιαι ἀρχαὶ παρακολουθοῦν τὴν ἐξέλιξιν τῶν ἐργασιῶν καὶ θὰ ὑποβάλουν ἔκθεσιν εἰς τὸ ὑπουργεῖον. Κατόπιν τούτου ἀναμένεται ἡ ἔκδοσις νέας ἀποφάσεως.
ΝΟΜΟΣ ΠΙΕΡΙΑΣ
ΑΘΗΝΑΙ, 24.— Κατὰ τὰς πληροφορίας τὰς ὁποίας ἐλάβομεν ἐκ τῶν ἁρμοδίων ὑπηρεσιῶν, ἡ σχετικὴ ἀπόφασις ἐλήφθη ὑπὸ τοῦ ὑπουργείου, τὸ ὁποῖον ἐξέδωσε καὶ τὰς σχετικὰς ἐγκυκλίους πρὸς τὰς ἐπαρχίας τῆς Βορείου Ἑλλάδος. Ἡ ἐφαρμογὴ τῶν μέτρων θὰ ἀρχίσῃ ἀπὸ τῆς προσεχοῦς ἑβδομάδος, ἐνῷ αἱ ἀρμόδιαι ἀρχαὶ παρακολουθοῦν τὴν ἐξέλιξιν τῶν ἐργασιῶν καὶ θὰ ὑποβάλουν ἔκθεσιν εἰς τὸ ὑπουργεῖον. Κατόπιν τούτου ἀναμένεται ἡ ἔκδοσις νέας ἀποφάσεως.
ΝΟΜΟΣ ΧΑΛΚΙΔΙΚΗΣ
ΑΘΗΝΑΙ, 24.— Κατὰ τὰς πληροφορίας τὰς ὁποίας ἐλάβομεν ἐκ τῶν ἁρμοδίων ὑπηρεσιῶν, ἡ σχετικὴ ἀπόφασις ἐλήφθη ὑπὸ τοῦ ὑπουργείου, τὸ ὁποῖον ἐξέδωσε καὶ τὰς σχετικὰς ἐγκυκλίους πρὸς τὰς ἐπαρχίας τῆς Βορείου Ἑλλάδος. Ἡ ἐφαρμογὴ τῶν μέτρων θὰ ἀρχίσῃ ἀπὸ τῆς προσεχοῦς ἑβδομάδος, ἐνῷ αἱ ἀρμόδιαι ἀρχαὶ παρακολουθοῦν τὴν ἐξέλιξιν τῶν ἐργασιῶν καὶ θὰ ὑποβάλουν ἔκθεσιν εἰς τὸ ὑπουργεῖον. Κατόπιν τούτου ἀναμένεται ἡ ἔκδοσις νέας ἀποφάσεως.
ΝΟΜΟΣ ΕΒΡΟΥ
ΑΘΗΝΑΙ, 24.— Κατὰ τὰς πληροφορίας τὰς ὁποίας ἐλάβομεν ἐκ τῶν ἁρμοδίων ὑπηρεσιῶν, ἡ σχετικὴ ἀπόφασις ἐλήφθη ὑπὸ τοῦ ὑπουργείου, τὸ ὁποῖον ἐξέδωσε καὶ τὰς σχετικὰς ἐγκυκλίους πρὸς τὰς ἐπαρχίας τῆς Βορείου Ἑλλάδος. Ἡ ἐφαρμογὴ τῶν μέτρων θὰ ἀρχίσῃ ἀπὸ τῆς προσεχοῦς ἑβδομάδος, ἐνῷ αἱ ἀρμόδιαι ἀρχαὶ παρακολουθοῦν τὴν ἐξέλιξιν τῶν ἐργασιῶν καὶ θὰ ὑποβάλουν ἔκθεσιν εἰς τὸ ὑπουργεῖον. Κατόπιν τούτου ἀναμένεται ἡ ἔκδοσις νέας ἀποφάσεως.
ΝΟΜΟΣ ΚΑΒΑΛΑΣ
ΑΘΗΝΑΙ, 24.— Κατὰ τὰς πληροφορίας τὰς ὁποίας ἐλάβομεν ἐκ τῶν ἁρμοδίων ὑπηρεσιῶν, ἡ σχετικὴ ἀπόφασις ἐλήφθη ὑπὸ τοῦ ὑπουργείου, τὸ ὁποῖον ἐξέδωσε καὶ τὰς σχετικὰς ἐγκυκλίους πρὸς τὰς ἐπαρχίας τῆς Βορείου Ἑλλάδος. Ἡ ἐφαρμογὴ τῶν μέτρων θὰ ἀρχίσῃ ἀπὸ τῆς προσεχοῦς ἑβδομάδος, ἐνῷ αἱ ἀρμόδιαι ἀρχαὶ παρακολουθοῦν τὴν ἐξέλιξιν τῶν ἐργασιῶν καὶ θὰ ὑποβάλουν ἔκθεσιν εἰς τὸ ὑπουργεῖον. Κατόπιν τούτου ἀναμένεται ἡ ἔκδοσις νέας ἀποφάσεως.
ΝΟΜΟΣ ΚΟΖΑΝΗΣ
ΑΘΗΝΑΙ, 24.— Κατὰ τὰς πληροφορίας τὰς ὁποίας ἐλάβομεν ἐκ τῶν ἁρμοδίων ὑπηρεσιῶν, ἡ σχετικὴ ἀπόφασις ἐλήφθη ὑπὸ τοῦ ὑπουργείου, τὸ ὁποῖον ἐξέδωσε καὶ τὰς σχετικὰς ἐγκυκλίους πρὸς τὰς ἐπαρχίας τῆς Βορείου Ἑλλάδος. Ἡ ἐφαρμογὴ τῶν μέτρων θὰ ἀρχίσῃ ἀπὸ τῆς προσεχοῦς ἑβδομάδος, ἐνῷ αἱ ἀρμόδιαι ἀρχαὶ παρακολουθοῦν τὴν ἐξέλιξιν τῶν ἐργασιῶν καὶ θὰ ὑποβάλουν ἔκθεσιν εἰς τὸ ὑπουργεῖον. Κατόπιν τούτου ἀναμένεται ἡ ἔκδοσις νέας ἀποφάσεως.
ΝΟΜΟΣ ΣΕΡΡΩΝ
ΑΘΗΝΑΙ, 24.— Κατὰ τὰς πληροφορίας τὰς ὁποίας ἐλάβομεν ἐκ τῶν ἁρμοδίων ὑπηρεσιῶν, ἡ σχετικὴ ἀπόφασις ἐλήφθη ὑπὸ τοῦ ὑπουργείου, τὸ ὁποῖον ἐξέδωσε καὶ τὰς σχετικὰς ἐγκυκλίους πρὸς τὰς ἐπαρχίας τῆς Βορείου Ἑλλάδος. Ἡ ἐφαρμογὴ τῶν μέτρων θὰ ἀρχίσῃ ἀπὸ τῆς προσεχοῦς ἑβδομάδος, ἐνῷ αἱ ἀρμόδιαι ἀρχαὶ παρακολουθοῦν τὴν ἐξέλιξιν τῶν ἐργασιῶν καὶ θὰ ὑποβάλουν ἔκθεσιν εἰς τὸ ὑπουργεῖον. Κατόπιν τούτου ἀναμένεται ἡ ἔκδοσις νέας ἀποφάσεως.
ΝΟΜΟΣ ΗΜΑΘΙΑΣ
ΑΘΗΝΑΙ, 24.— Κατὰ τὰς πληροφορίας τὰς ὁποίας ἐλάβομεν ἐκ τῶν ἁρμοδίων ὑπηρεσιῶν, ἡ σχετικὴ ἀπόφασις ἐλήφθη ὑπὸ τοῦ ὑπουργείου, τὸ ὁποῖον ἐξέδωσε καὶ τὰς σχετικὰς ἐγκυκλίους πρὸς τὰς ἐπαρχίας τῆς Βορείου Ἑλλάδος. Ἡ ἐφαρμογὴ τῶν μέτρων θὰ ἀρχίσῃ ἀπὸ τῆς προσεχοῦς ἑβδομάδος, ἐνῷ αἱ ἀρμόδιαι ἀρχαὶ παρακολουθοῦν τὴν ἐξέλιξιν τῶν ἐργασιῶν καὶ θὰ ὑποβάλουν ἔκθεσιν εἰς τὸ ὑπουργεῖον. Κατόπιν τούτου ἀναμένεται ἡ ἔκδοσις νέας ἀποφάσεως.
ΝΟΜΟΣ ΚΑΣΤΟΡΙΑΣ
ΑΘΗΝΑΙ, 24.— Κατὰ τὰς πληροφορίας τὰς ὁποίας ἐλάβομεν ἐκ τῶν ἁρμοδίων ὑπηρεσιῶν, ἡ σχετικὴ ἀπόφασις ἐλήφθη ὑπὸ τοῦ ὑπουργείου, τὸ ὁποῖον ἐξέδωσε καὶ τὰς σχετικὰς ἐγκυκλίους πρὸς τὰς ἐπαρχίας τῆς Βορείου Ἑλλάδος. Ἡ ἐφαρμογὴ τῶν μέτρων θὰ ἀρχίσῃ ἀπὸ τῆς προσεχοῦς ἑβδομάδος, ἐνῷ αἱ ἀρμόδιαι ἀρχαὶ παρακολουθοῦν τὴν ἐξέλιξιν τῶν ἐργασιῶν καὶ θὰ ὑποβάλουν ἔκθεσιν εἰς τὸ ὑπουργεῖον. Κατόπιν τούτου ἀναμένεται ἡ ἔκδοσις νέας ἀποφάσεως.
ΝΟΜΟΣ ΠΕΛΛΗΣ
ΑΘΗΝΑΙ, 24.— Κατὰ τὰς πληροφορίας τὰς ὁποίας ἐλάβομεν ἐκ τῶν ἁρμοδίων ὑπηρεσιῶν, ἡ σχετικὴ ἀπόφασις ἐλήφθη ὑπὸ τοῦ ὑπουργείου, τὸ ὁποῖον ἐξέδωσε καὶ τὰς σχετικὰς ἐγκυκλίους πρὸς τὰς ἐπαρχίας τῆς Βορείου Ἑλλάδος. Ἡ ἐφαρμογὴ τῶν μέτρων θὰ ἀρχίσῃ ἀπὸ τῆς προσεχοῦς ἑβδομάδος, ἐνῷ αἱ ἀρμόδιαι ἀρχαὶ παρακολουθοῦν τὴν ἐξέλιξιν τῶν ἐργασιῶν καὶ θὰ ὑποβάλουν ἔκθεσιν εἰς τὸ ὑπουργεῖον. Κατόπιν τούτου ἀναμένεται ἡ ἔκδοσις νέας ἀποφάσεως.
ΝΟΜΟΣ ΦΛΩΡΙΝΗΣ
ΑΘΗΝΑΙ, 24.— Κατὰ τὰς πληροφορίας τὰς ὁποίας ἐλάβομεν ἐκ τῶν ἁρμοδίων ὑπηρεσιῶν, ἡ σχετικὴ ἀπόφασις ἐλήφθη ὑπὸ τοῦ ὑπουργείου, τὸ ὁποῖον ἐξέδωσε καὶ τὰς σχετικὰς ἐγκυκλίους πρὸς τὰς ἐπαρχίας τῆς Βορείου Ἑλλάδος. Ἡ ἐφαρμογὴ τῶν μέτρων θὰ ἀρχίσῃ ἀπὸ τῆς προσεχοῦς ἑβδομάδος, ἐνῷ αἱ ἀρμόδιαι ἀρχαὶ παρακολουθοῦν τὴν ἐξέλιξιν τῶν ἐργασιῶν καὶ θὰ ὑποβάλουν ἔκθεσιν εἰς τὸ ὑπουργεῖον. Κατόπιν τούτου ἀναμένεται ἡ ἔκδοσις νέας ἀποφάσεως.
ΔΕΞΙΩΣΙΣ ΕΠΙ ΤΗ ΔΕΚΑΠΕΝΤΑΕΤΙΑ ΑΠΟ ΤΗΣ ΕΦΑΡΜΟΓΗΣ ΤΟΥ ΠΡΟΓΡΑΜΜΑΤΟΣ ΤΩΝ ΕΚΠΑΙΔΕΥΤΙΚΩΝ ΑΝΤΑΛΛΑΓΩΝ
ΑΘΗΝΑΙ, 24.— Κατὰ τὰς πληροφορίας τὰς ὁποίας ἐλάβομεν ἐκ τῶν ἁρμοδίων ὑπηρεσιῶν, ἡ σχετικὴ ἀπόφασις ἐλήφθη ὑπὸ τοῦ ὑπουργείου, τὸ ὁποῖον ἐξέδωσε καὶ τὰς σχετικὰς ἐγκυκλίους πρὸς τὰς ἐπαρχίας τῆς Βορείου Ἑλλάδος. Ἡ ἐφαρμογὴ τῶν μέτρων θὰ ἀρχίσῃ ἀπὸ τῆς προσεχοῦς ἑβδομάδος, ἐνῷ αἱ ἀρμόδιαι ἀρχαὶ παρακολουθοῦν τὴν ἐξέλιξιν τῶν ἐργασιῶν καὶ θὰ ὑποβάλουν ἔκθεσιν εἰς τὸ ὑπουργεῖον. Κατόπιν τούτου ἀναμένεται ἡ ἔκδοσις νέας ἀποφάσεως.
ΑΘΗΝΑΙ, 24.— Κατὰ τὰς πληροφορίας τὰς ὁποίας ἐλάβομεν ἐκ τῶν ἁρμοδίων ὑπηρεσιῶν, ἡ σχετικὴ ἀπόφασις ἐλήφθη ὑπὸ τοῦ ὑπουργείου, τὸ ὁποῖον ἐξέδωσε καὶ τὰς σχετικὰς ἐγκυκλίους πρὸς τὰς ἐπαρχίας τῆς Βορείου Ἑλλάδος. Ἡ ἐφαρμογὴ τῶν μέτρων θὰ ἀρχίσῃ ἀπὸ τῆς προσεχοῦς ἑβδομάδος, ἐνῷ αἱ ἀρμόδιαι ἀρχαὶ παρακολουθοῦν τὴν ἐξέλιξιν τῶν ἐργασιῶν καὶ θὰ ὑποβάλουν ἔκθεσιν εἰς τὸ ὑπουργεῖον. Κατόπιν τούτου ἀναμένεται ἡ ἔκδοσις νέας ἀποφάσεως.
ΑΘΗΝΑΙ, 24.— Κατὰ τὰς πληροφορίας τὰς ὁποίας ἐλάβομεν ἐκ τῶν ἁρμοδίων ὑπηρεσιῶν, ἡ σχετικὴ ἀπόφασις ἐλήφθη ὑπὸ τοῦ ὑπουργείου, τὸ ὁποῖον ἐξέδωσε καὶ τὰς σχετικὰς ἐγκυκλίους πρὸς τὰς ἐπαρχίας τῆς Βορείου Ἑλλάδος. Ἡ ἐφαρμογὴ τῶν μέτρων θὰ ἀρχίσῃ ἀπὸ τῆς προσεχοῦς ἑβδομάδος, ἐνῷ αἱ ἀρμόδιαι ἀρχαὶ παρακολουθοῦν τὴν ἐξέλιξιν τῶν ἐργασιῶν καὶ θὰ ὑποβάλουν ἔκθεσιν εἰς τὸ ὑπουργεῖον. Κατόπιν τούτου ἀναμένεται ἡ ἔκδοσις νέας ἀποφάσεως.
ΕΙΣ ΝΕΚΡΟΣ ΚΑΙ ΤΡΕΙΣ ΤΡΑΥΜΑΤΙΑΙ ΕΚ ΚΕΡΑΥΝΟΥ ΠΕΣΟΝΤΟΣ ΕΙΣ ΛΑΤΟΜΕΙΟΝ ΠΑΡΑ ΤΗΝ ΠΤΟΛΕΜΑΙΔΑ
ΝΕΦΕΛΩΔΗΣ ΠΡΟΒΛΕΠΕΤΑΙ Ο ΚΑΙΡΟΣ ΔΙΑ ΣΗΜΕΡΟΝ
ΑΘΗΝΑΙ, 24.— Κατὰ τὰς πληροφορίας τὰς ὁποίας ἐλάβομεν ἐκ τῶν ἁρμοδίων ὑπηρεσιῶν, ἡ σχετικὴ ἀπόφασις ἐλήφθη ὑπὸ τοῦ ὑπουργείου, τὸ ὁποῖον ἐξέδωσε καὶ τὰς σχετικὰς ἐγκυκλίους πρὸς τὰς ἐπαρχίας τῆς Βορείου Ἑλλάδος. Ἡ ἐφαρμογὴ τῶν μέτρων θὰ ἀρχίσῃ ἀπὸ τῆς προσεχοῦς ἑβδομάδος, ἐνῷ αἱ ἀρμόδιαι ἀρχαὶ παρακολουθοῦν τὴν ἐξέλιξιν τῶν ἐργασιῶν καὶ θὰ ὑποβάλουν ἔκθεσιν εἰς τὸ ὑπουργεῖον. Κατόπιν τούτου ἀναμένεται ἡ ἔκδοσις νέας ἀποφάσεως.
ΝΕΚΡΟΣ ΕΚ ΚΕΡΑΥΝΟΥ
ΑΘΗΝΑΙ, 24.— Κατὰ τὰς πληροφορίας τὰς ὁποίας ἐλάβομεν ἐκ τῶν ἁρμοδίων ὑπηρεσιῶν, ἡ σχετικὴ ἀπόφασις ἐλήφθη ὑπὸ τοῦ ὑπουργείου, τὸ ὁποῖον ἐξέδωσε καὶ τὰς σχετικὰς ἐγκυκλίους πρὸς τὰς ἐπαρχίας τῆς Βορείου Ἑλλάδος. Ἡ ἐφαρμογὴ τῶν μέτρων θὰ ἀρχίσῃ ἀπὸ τῆς προσεχοῦς ἑβδομάδος, ἐνῷ αἱ ἀρμόδιαι ἀρχαὶ παρακολουθοῦν τὴν ἐξέλιξιν τῶν ἐργασιῶν καὶ θὰ ὑποβάλουν ἔκθεσιν εἰς τὸ ὑπουργεῖον. Κατόπιν τούτου ἀναμένεται ἡ ἔκδοσις νέας ἀποφάσεως.
ΚΑΤΗΡΤΙΣΘΗ ΚΑΙ ΚΑΤΕΤΕΘΗ ΠΡΟΣ ΨΗΦΙΣΙΝ ΝΟΜΟΣΧΕΔΙΟΝ ΚΑΘΟΡΙΖΟΝ ΤΟΝ ΤΡΟΠΟΝ ΤΗΣ ΑΣΚΗΣΕΩΣ ΤΟΥ ΠΛΑΝΟΔΙΟΥ ΕΜΠΟΡΙΟΥ
ΑΘΗΝΑΙ, 24.— Κατὰ τὰς πληροφορίας τὰς ὁποίας ἐλάβομεν ἐκ τῶν ἁρμοδίων ὑπηρεσιῶν, ἡ σχετικὴ ἀπόφασις ἐλήφθη ὑπὸ τοῦ ὑπουργείου, τὸ ὁποῖον ἐξέδωσε καὶ τὰς σχετικὰς ἐγκυκλίους πρὸς τὰς ἐπαρχίας τῆς Βορείου Ἑλλάδος. Ἡ ἐφαρμογὴ τῶν μέτρων θὰ ἀρχίσῃ ἀπὸ τῆς προσεχοῦς ἑβδομάδος, ἐνῷ αἱ ἀρμόδιαι ἀρχαὶ παρακολουθοῦν τὴν ἐξέλιξιν τῶν ἐργασιῶν καὶ θὰ ὑποβάλουν ἔκθεσιν εἰς τὸ ὑπουργεῖον. Κατόπιν τούτου ἀναμένεται ἡ ἔκδοσις νέας ἀποφάσεως.
ΔΥΣΕΙΣ ΖΗΤΟΥΝ ΟΙ ΥΠΑΛΛΗΛΟΙ ΤΟΥΡΙΣΤΙΚΩΝ ΕΠΑΓΓΕΛΜΑΤΩΝ
ΑΘΗΝΑΙ, 24.— Κατὰ τὰς πληροφορίας τὰς ὁποίας ἐλάβομεν ἐκ τῶν ἁρμοδίων ὑπηρεσιῶν, ἡ σχετικὴ ἀπόφασις ἐλήφθη ὑπὸ τοῦ ὑπουργείου, τὸ ὁποῖον ἐξέδωσε καὶ τὰς σχετικὰς ἐγκυκλίους πρὸς τὰς ἐπαρχίας τῆς Βορείου Ἑλλάδος. Ἡ ἐφαρμογὴ τῶν μέτρων θὰ ἀρχίσῃ ἀπὸ τῆς προσεχοῦς ἑβδομάδος, ἐνῷ αἱ ἀρμόδιαι ἀρχαὶ παρακολουθοῦν τὴν ἐξέλιξιν τῶν ἐργασιῶν καὶ θὰ ὑποβάλουν ἔκθεσιν εἰς τὸ ὑπουργεῖον. Κατόπιν τούτου ἀναμένεται ἡ ἔκδοσις νέας ἀποφάσεως.
ΑΡΧΑΣ ΙΟΥΝΙΟΥ ΑΡΧΙΖΕΙ ΤΑΣ ΕΡΓΑΣΙΑΣ ΤΟΥ ΤΟ ΠΑΝΕΛΛΗΝΙΟΝ ΣΥΝΕΔΡΙΟΝ ΑΝΑΠΗΡΩΝ
ΑΘΗΝΑΙ, 24.— Κατὰ τὰς πληροφορίας τὰς ὁποίας ἐλάβομεν ἐκ τῶν ἁρμοδίων ὑπηρεσιῶν, ἡ σχετικὴ ἀπόφασις ἐλήφθη ὑπὸ τοῦ ὑπουργείου, τὸ ὁποῖον ἐξέδωσε καὶ τὰς σχετικὰς ἐγκυκλίους πρὸς τὰς ἐπαρχίας τῆς Βορείου Ἑλλάδος. Ἡ ἐφαρμογὴ τῶν μέτρων θὰ ἀρχίσῃ ἀπὸ τῆς προσεχοῦς ἑβδομάδος, ἐνῷ αἱ ἀρμόδιαι ἀρχαὶ παρακολουθοῦν τὴν ἐξέλιξιν τῶν ἐργασιῶν καὶ θὰ ὑποβάλουν ἔκθεσιν εἰς τὸ ὑπουργεῖον. Κατόπιν τούτου ἀναμένεται ἡ ἔκδοσις νέας ἀποφάσεως.
ΟΙ ΜΑΘΗΤΑΙ ΤΟΥ Ε΄ ΕΙΣ ΓΡΕΒΕΝΑ ΚΑΙ ΚΑΛΑΜΠΑΚΑΝ
ΑΘΗΝΑΙ, 24.— Κατὰ τὰς πληροφορίας τὰς ὁποίας ἐλάβομεν ἐκ τῶν ἁρμοδίων ὑπηρεσιῶν, ἡ σχετικὴ ἀπόφασις ἐλήφθη ὑπὸ τοῦ ὑπουργείου, τὸ ὁποῖον ἐξέδωσε καὶ τὰς σχετικὰς ἐγκυκλίους πρὸς τὰς ἐπαρχίας τῆς Βορείου Ἑλλάδος. Ἡ ἐφαρμογὴ τῶν μέτρων θὰ ἀρχίσῃ ἀπὸ τῆς προσεχοῦς ἑβδομάδος, ἐνῷ αἱ ἀρμόδιαι ἀρχαὶ παρακολουθοῦν τὴν ἐξέλιξιν τῶν ἐργασιῶν καὶ θὰ ὑποβάλουν ἔκθεσιν εἰς τὸ ὑπουργεῖον. Κατόπιν τούτου ἀναμένεται ἡ ἔκδοσις νέας ἀποφάσεως.
ΤΟ ΕΡΓΟΣΤΑΣΙΟΝ ΤΟΥ ΜΑΤΣΑΓΓΟΥ
ΑΘΗΝΑΙ, 24.— Κατὰ τὰς πληροφορίας τὰς ὁποίας ἐλάβομεν ἐκ τῶν ἁρμοδίων ὑπηρεσιῶν, ἡ σχετικὴ ἀπόφασις ἐλήφθη ὑπὸ τοῦ ὑπουργείου, τὸ ὁποῖον ἐξέδωσε καὶ τὰς σχετικὰς ἐγκυκλίους πρὸς τὰς ἐπαρχίας τῆς Βορείου Ἑλλάδος. Ἡ ἐφαρμογὴ τῶν μέτρων θὰ ἀρχίσῃ ἀπὸ τῆς προσεχοῦς ἑβδομάδος, ἐνῷ αἱ ἀρμόδιαι ἀρχαὶ παρακολουθοῦν τὴν ἐξέλιξιν τῶν ἐργασιῶν καὶ θὰ ὑποβάλουν ἔκθεσιν εἰς τὸ ὑπουργεῖον. Κατόπιν τούτου ἀναμένεται ἡ ἔκδοσις νέας ἀποφάσεως.
ΥΠΗΡΕΣΙΑ ΜΕΤΑΔΟΣΕΩΣ ΓΕΩΡΓΙΚΩΝ ΠΛΗΡΟΦΟΡΙΩΝ
ΔΥΟ ΕΚ ΤΩΝ ΤΕΣΣΑΡΩΝ ΑΜΕΡΙΚΑΝΩΝ ΟΡΕΙΒΑΤΩΝ ΠΡΟΣΕΒΛΗΘΗΣΑΝ ΕΚ ΚΡΥΟΠΑΓΗΜΑΤΩΝ ΚΑΤΑ ΤΗΝ ΔΙΑΝΥΚΤΕΡΕΥΣΙΝ ΤΩΝ ΕΠΙ ΤΟΥ ΕΒΕΡΕΣΤ
ΑΘΗΝΑΙ, 24.— Κατὰ τὰς πληροφορίας τὰς ὁποίας ἐλάβομεν ἐκ τῶν ἁρμοδίων ὑπηρεσιῶν, ἡ σχετικὴ ἀπόφασις ἐλήφθη ὑπὸ τοῦ ὑπουργείου, τὸ ὁποῖον ἐξέδωσε καὶ τὰς σχετικὰς ἐγκυκλίους πρὸς τὰς ἐπαρχίας τῆς Βορείου Ἑλλάδος. Ἡ ἐφαρμογὴ τῶν μέτρων θὰ ἀρχίσῃ ἀπὸ τῆς προσεχοῦς ἑβδομάδος, ἐνῷ αἱ ἀρμόδιαι ἀρχαὶ παρακολουθοῦν τὴν ἐξέλιξιν τῶν ἐργασιῶν καὶ θὰ ὑποβάλουν ἔκθεσιν εἰς τὸ ὑπουργεῖον. Κατόπιν τούτου ἀναμένεται ἡ ἔκδοσις νέας ἀποφάσεως.
ΔΙΑΓΩΝΙΣΜΟΣ ΠΡΟΣ ΜΕΤΕΚΠΑΙΔΕΥΣΙΝ ΚΑΛΛΙΤΕΧΝΩΝ
ΑΘΗΝΑΙ, 24.— Κατὰ τὰς πληροφορίας τὰς ὁποίας ἐλάβομεν ἐκ τῶν ἁρμοδίων ὑπηρεσιῶν, ἡ σχετικὴ ἀπόφασις ἐλήφθη ὑπὸ τοῦ ὑπουργείου, τὸ ὁποῖον ἐξέδωσε καὶ τὰς σχετικὰς ἐγκυκλίους πρὸς τὰς ἐπαρχίας τῆς Βορείου Ἑλλάδος. Ἡ ἐφαρμογὴ τῶν μέτρων θὰ ἀρχίσῃ ἀπὸ τῆς προσεχοῦς ἑβδομάδος, ἐνῷ αἱ ἀρμόδιαι ἀρχαὶ παρακολουθοῦν τὴν ἐξέλιξιν τῶν ἐργασιῶν καὶ θὰ ὑποβάλουν ἔκθεσιν εἰς τὸ ὑπουργεῖον. Κατόπιν τούτου ἀναμένεται ἡ ἔκδοσις νέας ἀποφάσεως.
ΑΝΕΒΛΗΘΗ Η ΠΑΡΑΔΟΣΙΣ ΤΩΝ ΕΛΛΗΝΩΝ ΟΜΗΡΩΝ
ΑΘΗΝΑΙ, 24.— Κατὰ τὰς πληροφορίας τὰς ὁποίας ἐλάβομεν ἐκ τῶν ἁρμοδίων ὑπηρεσιῶν, ἡ σχετικὴ ἀπόφασις ἐλήφθη ὑπὸ τοῦ ὑπουργείου, τὸ ὁποῖον ἐξέδωσε καὶ τὰς σχετικὰς ἐγκυκλίους πρὸς τὰς ἐπαρχίας τῆς Βορείου Ἑλλάδος. Ἡ ἐφαρμογὴ τῶν μέτρων θὰ ἀρχίσῃ ἀπὸ τῆς προσεχοῦς ἑβδομάδος, ἐνῷ αἱ ἀρμόδιαι ἀρχαὶ παρακολουθοῦν τὴν ἐξέλιξιν τῶν ἐργασιῶν καὶ θὰ ὑποβάλουν ἔκθεσιν εἰς τὸ ὑπουργεῖον. Κατόπιν τούτου ἀναμένεται ἡ ἔκδοσις νέας ἀποφάσεως.
ΤΗΝ 28ΗΝ ΜΑΪΟΥ ΔΙΕΞΑΓΟΝΤΑΙ ΔΗΜΟΤΙΚΑΙ ΚΑΙ ΤΗΝ 3ΗΝ ΙΟΥΝΙΟΥ ΒΟΥΛΕΥΤΙΚΑΙ ΕΚΛΟΓΑΙ ΕΙΣ ΤΑΣ ΔΗΜΟΚΡΑΤΙΑΣ ΤΗΣ ΓΙΟΥΓΚΟΣΛΑΒΙΑΣ
ΑΘΗΝΑΙ, 24.— Κατὰ τὰς πληροφορίας τὰς ὁποίας ἐλάβομεν ἐκ τῶν ἁρμοδίων ὑπηρεσιῶν, ἡ σχετικὴ ἀπόφασις ἐλήφθη ὑπὸ τοῦ ὑπουργείου, τὸ ὁποῖον ἐξέδωσε καὶ τὰς σχετικὰς ἐγκυκλίους πρὸς τὰς ἐπαρχίας τῆς Βορείου Ἑλλάδος. Ἡ ἐφαρμογὴ τῶν μέτρων θὰ ἀρχίσῃ ἀπὸ τῆς προσεχοῦς ἑβδομάδος, ἐνῷ αἱ ἀρμόδιαι ἀρχαὶ παρακολουθοῦν τὴν ἐξέλιξιν τῶν ἐργασιῶν καὶ θὰ ὑποβάλουν ἔκθεσιν εἰς τὸ ὑπουργεῖον. Κατόπιν τούτου ἀναμένεται ἡ ἔκδοσις νέας ἀποφάσεως.
ΤΟ ΑΕΡΟΔΡΟΜΙΟΝ ΤΗΣ ΚΩ ΘΑ ΛΕΙΤΟΥΡΓΗΣΗ ΚΑΤΑ ΤΑ ΤΕΛΗ ΙΟΥΛΙΟΥ
ΑΘΗΝΑΙ, 24.— Κατὰ τὰς πληροφορίας τὰς ὁποίας ἐλάβομεν ἐκ τῶν ἁρμοδίων ὑπηρεσιῶν, ἡ σχετικὴ ἀπόφασις ἐλήφθη ὑπὸ τοῦ ὑπουργείου, τὸ ὁποῖον ἐξέδωσε καὶ τὰς σχετικὰς ἐγκυκλίους πρὸς τὰς ἐπαρχίας τῆς Βορείου Ἑλλάδος. Ἡ ἐφαρμογὴ τῶν μέτρων θὰ ἀρχίσῃ ἀπὸ τῆς προσεχοῦς ἑβδομάδος, ἐνῷ αἱ ἀρμόδιαι ἀρχαὶ παρακολουθοῦν τὴν ἐξέλιξιν τῶν ἐργασιῶν καὶ θὰ ὑποβάλουν ἔκθεσιν εἰς τὸ ὑπουργεῖον. Κατόπιν τούτου ἀναμένεται ἡ ἔκδοσις νέας ἀποφάσεως.
ΑΚΑΤΕΡΓΑΣΤΑ ΔΕΡΜΑΤΑ ΕΙΣ ΑΝΑΤΟΛ. ΓΕΡΜΑΝΙΑΝ ΚΑΙ ΒΑΜΒΑΞ ΕΙΣ ΠΟΛΩΝΙΑΝ
ΑΘΗΝΑΙ, 24.— Κατὰ τὰς πληροφορίας τὰς ὁποίας ἐλάβομεν ἐκ τῶν ἁρμοδίων ὑπηρεσιῶν, ἡ σχετικὴ ἀπόφασις ἐλήφθη ὑπὸ τοῦ ὑπουργείου, τὸ ὁποῖον ἐξέδωσε καὶ τὰς σχετικὰς ἐγκυκλίους πρὸς τὰς ἐπαρχίας τῆς Βορείου Ἑλλάδος. Ἡ ἐφαρμογὴ τῶν μέτρων θὰ ἀρχίσῃ ἀπὸ τῆς προσεχοῦς ἑβδομάδος, ἐνῷ αἱ ἀρμόδιαι ἀρχαὶ παρακολουθοῦν τὴν ἐξέλιξιν τῶν ἐργασιῶν καὶ θὰ ὑποβάλουν ἔκθεσιν εἰς τὸ ὑπουργεῖον. Κατόπιν τούτου ἀναμένεται ἡ ἔκδοσις νέας ἀποφάσεως.
ΕΠΕΚΤΑΣΙΣ ΔΙΑ ΤΑ ΣΥΜΒΑΙΝΟΝΤΑ ΕΙΣ ΤΟΝ Ο.Δ.Ε.Π
ΑΘΗΝΑΙ, 24.— Κατὰ τὰς πληροφορίας τὰς ὁποίας ἐλάβομεν ἐκ τῶν ἁρμοδίων ὑπηρεσιῶν, ἡ σχετικὴ ἀπόφασις ἐλήφθη ὑπὸ τοῦ ὑπουργείου, τὸ ὁποῖον ἐξέδωσε καὶ τὰς σχετικὰς ἐγκυκλίους πρὸς τὰς ἐπαρχίας τῆς Βορείου Ἑλλάδος. Ἡ ἐφαρμογὴ τῶν μέτρων θὰ ἀρχίσῃ ἀπὸ τῆς προσεχοῦς ἑβδομάδος, ἐνῷ αἱ ἀρμόδιαι ἀρχαὶ παρακολουθοῦν τὴν ἐξέλιξιν τῶν ἐργασιῶν καὶ θὰ ὑποβάλουν ἔκθεσιν εἰς τὸ ὑπουργεῖον. Κατόπιν τούτου ἀναμένεται ἡ ἔκδοσις νέας ἀποφάσεως.
